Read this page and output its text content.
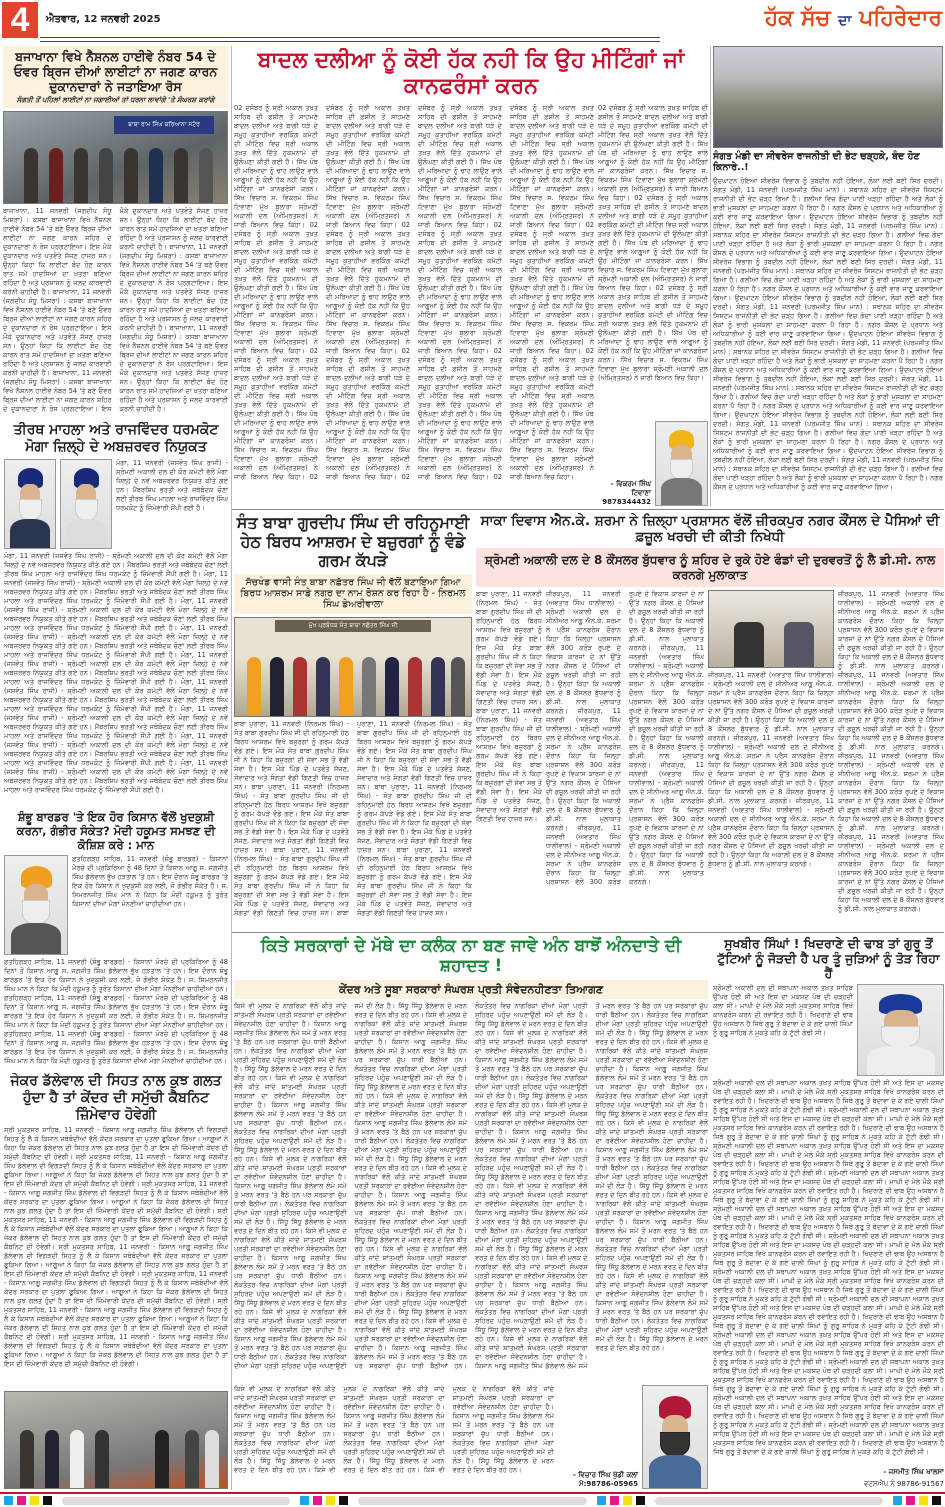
4	ਐਤਵਾਰ, 12 ਜਨਵਰੀ 2025	ਹੱਕ ਸੱਚ ਦਾ ਪਹਿਰੇਦਾਰ
ਬਜਾਖਾਨਾ ਵਿਖੇ ਨੈਸ਼ਨਲ ਹਾਈਵੇ ਨੰਬਰ 54 ਦੇ ਓਵਰ ਬ੍ਰਿਜ ਦੀਆਂ ਲਾਈਟਾਂ ਨਾ ਜਗਣ ਕਾਰਨ ਦੁਕਾਨਦਾਰਾਂ ਨੇ ਜਤਾਇਆ ਰੋਸ
ਸੰਗਤੀ ਤੋਂ ਪਹਿਲਾਂ ਲਾਈਟਾਂ ਨਾ ਜਗਾਈਆਂ ਤਾਂ ਧਰਨਾ ਲਾਵਾਂਗੇ 'ਤੇ ਸੰਘਰਸ਼ ਕਰਾਂਗੇ
ਬਾਬਾ ਰਾਮ ਸਿੰਘ ਕਰਿਆਨਾ ਸਟੋਰ
ਬਾਜਾਖਾਨਾ, 11 ਜਨਵਰੀ (ਜਗਦੀਪ ਸੰਧੂ ਮਿਸ਼ਰਾ) : ਕਸਬਾ ਬਾਜਾਖਾਨਾ ਵਿਖੇ ਨੈਸ਼ਨਲ ਹਾਈਵੇ ਨੰਬਰ 54 'ਤੇ ਬਣੇ ਓਵਰ ਬ੍ਰਿਜ ਦੀਆਂ ਲਾਈਟਾਂ ਨਾ ਜਗਣ ਕਾਰਨ ਸ਼ਹਿਰ ਦੇ ਦੁਕਾਨਦਾਰਾਂ ਨੇ ਰੋਸ ਪ੍ਰਗਟਾਇਆ। ਇਸ ਮੌਕੇ ਦੁਕਾਨਦਾਰ ਅਤੇ ਪਤਵੰਤੇ ਸੱਜਣ ਹਾਜ਼ਰ ਸਨ। ਉਨ੍ਹਾਂ ਕਿਹਾ ਕਿ ਲਾਈਟਾਂ ਬੰਦ ਹੋਣ ਕਾਰਨ ਰਾਤ ਸਮੇਂ ਹਾਦਸਿਆਂ ਦਾ ਖ਼ਤਰਾ ਬਣਿਆ ਰਹਿੰਦਾ ਹੈ ਅਤੇ ਪ੍ਰਸ਼ਾਸਨ ਨੂੰ ਜਲਦ ਕਾਰਵਾਈ ਕਰਨੀ ਚਾਹੀਦੀ ਹੈ। ਬਾਜਾਖਾਨਾ, 11 ਜਨਵਰੀ (ਜਗਦੀਪ ਸੰਧੂ ਮਿਸ਼ਰਾ) : ਕਸਬਾ ਬਾਜਾਖਾਨਾ ਵਿਖੇ ਨੈਸ਼ਨਲ ਹਾਈਵੇ ਨੰਬਰ 54 'ਤੇ ਬਣੇ ਓਵਰ ਬ੍ਰਿਜ ਦੀਆਂ ਲਾਈਟਾਂ ਨਾ ਜਗਣ ਕਾਰਨ ਸ਼ਹਿਰ ਦੇ ਦੁਕਾਨਦਾਰਾਂ ਨੇ ਰੋਸ ਪ੍ਰਗਟਾਇਆ। ਇਸ ਮੌਕੇ ਦੁਕਾਨਦਾਰ ਅਤੇ ਪਤਵੰਤੇ ਸੱਜਣ ਹਾਜ਼ਰ ਸਨ। ਉਨ੍ਹਾਂ ਕਿਹਾ ਕਿ ਲਾਈਟਾਂ ਬੰਦ ਹੋਣ ਕਾਰਨ ਰਾਤ ਸਮੇਂ ਹਾਦਸਿਆਂ ਦਾ ਖ਼ਤਰਾ ਬਣਿਆ ਰਹਿੰਦਾ ਹੈ ਅਤੇ ਪ੍ਰਸ਼ਾਸਨ ਨੂੰ ਜਲਦ ਕਾਰਵਾਈ ਕਰਨੀ ਚਾਹੀਦੀ ਹੈ। ਬਾਜਾਖਾਨਾ, 11 ਜਨਵਰੀ (ਜਗਦੀਪ ਸੰਧੂ ਮਿਸ਼ਰਾ) : ਕਸਬਾ ਬਾਜਾਖਾਨਾ ਵਿਖੇ ਨੈਸ਼ਨਲ ਹਾਈਵੇ ਨੰਬਰ 54 'ਤੇ ਬਣੇ ਓਵਰ ਬ੍ਰਿਜ ਦੀਆਂ ਲਾਈਟਾਂ ਨਾ ਜਗਣ ਕਾਰਨ ਸ਼ਹਿਰ ਦੇ ਦੁਕਾਨਦਾਰਾਂ ਨੇ ਰੋਸ ਪ੍ਰਗਟਾਇਆ। ਇਸ ਮੌਕੇ ਦੁਕਾਨਦਾਰ ਅਤੇ ਪਤਵੰਤੇ ਸੱਜਣ ਹਾਜ਼ਰ ਸਨ। ਉਨ੍ਹਾਂ ਕਿਹਾ ਕਿ ਲਾਈਟਾਂ ਬੰਦ ਹੋਣ ਕਾਰਨ ਰਾਤ ਸਮੇਂ ਹਾਦਸਿਆਂ ਦਾ ਖ਼ਤਰਾ ਬਣਿਆ ਰਹਿੰਦਾ ਹੈ ਅਤੇ ਪ੍ਰਸ਼ਾਸਨ ਨੂੰ ਜਲਦ ਕਾਰਵਾਈ ਕਰਨੀ ਚਾਹੀਦੀ ਹੈ। ਬਾਜਾਖਾਨਾ, 11 ਜਨਵਰੀ (ਜਗਦੀਪ ਸੰਧੂ ਮਿਸ਼ਰਾ) : ਕਸਬਾ ਬਾਜਾਖਾਨਾ ਵਿਖੇ ਨੈਸ਼ਨਲ ਹਾਈਵੇ ਨੰਬਰ 54 'ਤੇ ਬਣੇ ਓਵਰ ਬ੍ਰਿਜ ਦੀਆਂ ਲਾਈਟਾਂ ਨਾ ਜਗਣ ਕਾਰਨ ਸ਼ਹਿਰ ਦੇ ਦੁਕਾਨਦਾਰਾਂ ਨੇ ਰੋਸ ਪ੍ਰਗਟਾਇਆ। ਇਸ ਮੌਕੇ ਦੁਕਾਨਦਾਰ ਅਤੇ ਪਤਵੰਤੇ ਸੱਜਣ ਹਾਜ਼ਰ ਸਨ। ਉਨ੍ਹਾਂ ਕਿਹਾ ਕਿ ਲਾਈਟਾਂ ਬੰਦ ਹੋਣ ਕਾਰਨ ਰਾਤ ਸਮੇਂ ਹਾਦਸਿਆਂ ਦਾ ਖ਼ਤਰਾ ਬਣਿਆ ਰਹਿੰਦਾ ਹੈ ਅਤੇ ਪ੍ਰਸ਼ਾਸਨ ਨੂੰ ਜਲਦ ਕਾਰਵਾਈ ਕਰਨੀ ਚਾਹੀਦੀ ਹੈ। ਬਾਜਾਖਾਨਾ, 11 ਜਨਵਰੀ (ਜਗਦੀਪ ਸੰਧੂ ਮਿਸ਼ਰਾ) : ਕਸਬਾ ਬਾਜਾਖਾਨਾ ਵਿਖੇ ਨੈਸ਼ਨਲ ਹਾਈਵੇ ਨੰਬਰ 54 'ਤੇ ਬਣੇ ਓਵਰ ਬ੍ਰਿਜ ਦੀਆਂ ਲਾਈਟਾਂ ਨਾ ਜਗਣ ਕਾਰਨ ਸ਼ਹਿਰ ਦੇ ਦੁਕਾਨਦਾਰਾਂ ਨੇ ਰੋਸ ਪ੍ਰਗਟਾਇਆ। ਇਸ ਮੌਕੇ ਦੁਕਾਨਦਾਰ ਅਤੇ ਪਤਵੰਤੇ ਸੱਜਣ ਹਾਜ਼ਰ ਸਨ। ਉਨ੍ਹਾਂ ਕਿਹਾ ਕਿ ਲਾਈਟਾਂ ਬੰਦ ਹੋਣ ਕਾਰਨ ਰਾਤ ਸਮੇਂ ਹਾਦਸਿਆਂ ਦਾ ਖ਼ਤਰਾ ਬਣਿਆ ਰਹਿੰਦਾ ਹੈ ਅਤੇ ਪ੍ਰਸ਼ਾਸਨ ਨੂੰ ਜਲਦ ਕਾਰਵਾਈ ਕਰਨੀ ਚਾਹੀਦੀ ਹੈ।
ਤੀਰਥ ਮਾਹਲਾ ਅਤੇ ਰਾਜਵਿੰਦਰ ਧਰਮਕੋਟ ਮੋਗਾ ਜ਼ਿਲ੍ਹੇ ਦੇ ਅਬਜ਼ਰਵਰ ਨਿਯੁਕਤ
ਮੋਗਾ, 11 ਜਨਵਰੀ (ਜਸਵੰਤ ਸਿੰਘ ਰਾਜੀ) - ਸ਼੍ਰੋਮਣੀ ਅਕਾਲੀ ਦਲ ਦੀ ਕੋਰ ਕਮੇਟੀ ਵੱਲੋਂ ਮੋਗਾ ਜ਼ਿਲ੍ਹੇ ਦੇ ਨਵੇਂ ਅਬਜ਼ਰਵਰ ਨਿਯੁਕਤ ਕੀਤੇ ਗਏ ਹਨ। ਮੈਂਬਰਸ਼ਿਪ ਭਰਤੀ ਅਤੇ ਜਥੇਬੰਦਕ ਚੋਣਾਂ ਲਈ ਤੀਰਥ ਸਿੰਘ ਮਾਹਲਾ ਅਤੇ ਰਾਜਵਿੰਦਰ ਸਿੰਘ ਧਰਮਕੋਟ ਨੂੰ ਜ਼ਿੰਮੇਵਾਰੀ ਸੌਂਪੀ ਗਈ ਹੈ।
ਮੋਗਾ, 11 ਜਨਵਰੀ (ਜਸਵੰਤ ਸਿੰਘ ਰਾਜੀ) - ਸ਼੍ਰੋਮਣੀ ਅਕਾਲੀ ਦਲ ਦੀ ਕੋਰ ਕਮੇਟੀ ਵੱਲੋਂ ਮੋਗਾ ਜ਼ਿਲ੍ਹੇ ਦੇ ਨਵੇਂ ਅਬਜ਼ਰਵਰ ਨਿਯੁਕਤ ਕੀਤੇ ਗਏ ਹਨ। ਮੈਂਬਰਸ਼ਿਪ ਭਰਤੀ ਅਤੇ ਜਥੇਬੰਦਕ ਚੋਣਾਂ ਲਈ ਤੀਰਥ ਸਿੰਘ ਮਾਹਲਾ ਅਤੇ ਰਾਜਵਿੰਦਰ ਸਿੰਘ ਧਰਮਕੋਟ ਨੂੰ ਜ਼ਿੰਮੇਵਾਰੀ ਸੌਂਪੀ ਗਈ ਹੈ। ਮੋਗਾ, 11 ਜਨਵਰੀ (ਜਸਵੰਤ ਸਿੰਘ ਰਾਜੀ) - ਸ਼੍ਰੋਮਣੀ ਅਕਾਲੀ ਦਲ ਦੀ ਕੋਰ ਕਮੇਟੀ ਵੱਲੋਂ ਮੋਗਾ ਜ਼ਿਲ੍ਹੇ ਦੇ ਨਵੇਂ ਅਬਜ਼ਰਵਰ ਨਿਯੁਕਤ ਕੀਤੇ ਗਏ ਹਨ। ਮੈਂਬਰਸ਼ਿਪ ਭਰਤੀ ਅਤੇ ਜਥੇਬੰਦਕ ਚੋਣਾਂ ਲਈ ਤੀਰਥ ਸਿੰਘ ਮਾਹਲਾ ਅਤੇ ਰਾਜਵਿੰਦਰ ਸਿੰਘ ਧਰਮਕੋਟ ਨੂੰ ਜ਼ਿੰਮੇਵਾਰੀ ਸੌਂਪੀ ਗਈ ਹੈ। ਮੋਗਾ, 11 ਜਨਵਰੀ (ਜਸਵੰਤ ਸਿੰਘ ਰਾਜੀ) - ਸ਼੍ਰੋਮਣੀ ਅਕਾਲੀ ਦਲ ਦੀ ਕੋਰ ਕਮੇਟੀ ਵੱਲੋਂ ਮੋਗਾ ਜ਼ਿਲ੍ਹੇ ਦੇ ਨਵੇਂ ਅਬਜ਼ਰਵਰ ਨਿਯੁਕਤ ਕੀਤੇ ਗਏ ਹਨ। ਮੈਂਬਰਸ਼ਿਪ ਭਰਤੀ ਅਤੇ ਜਥੇਬੰਦਕ ਚੋਣਾਂ ਲਈ ਤੀਰਥ ਸਿੰਘ ਮਾਹਲਾ ਅਤੇ ਰਾਜਵਿੰਦਰ ਸਿੰਘ ਧਰਮਕੋਟ ਨੂੰ ਜ਼ਿੰਮੇਵਾਰੀ ਸੌਂਪੀ ਗਈ ਹੈ। ਮੋਗਾ, 11 ਜਨਵਰੀ (ਜਸਵੰਤ ਸਿੰਘ ਰਾਜੀ) - ਸ਼੍ਰੋਮਣੀ ਅਕਾਲੀ ਦਲ ਦੀ ਕੋਰ ਕਮੇਟੀ ਵੱਲੋਂ ਮੋਗਾ ਜ਼ਿਲ੍ਹੇ ਦੇ ਨਵੇਂ ਅਬਜ਼ਰਵਰ ਨਿਯੁਕਤ ਕੀਤੇ ਗਏ ਹਨ। ਮੈਂਬਰਸ਼ਿਪ ਭਰਤੀ ਅਤੇ ਜਥੇਬੰਦਕ ਚੋਣਾਂ ਲਈ ਤੀਰਥ ਸਿੰਘ ਮਾਹਲਾ ਅਤੇ ਰਾਜਵਿੰਦਰ ਸਿੰਘ ਧਰਮਕੋਟ ਨੂੰ ਜ਼ਿੰਮੇਵਾਰੀ ਸੌਂਪੀ ਗਈ ਹੈ। ਮੋਗਾ, 11 ਜਨਵਰੀ (ਜਸਵੰਤ ਸਿੰਘ ਰਾਜੀ) - ਸ਼੍ਰੋਮਣੀ ਅਕਾਲੀ ਦਲ ਦੀ ਕੋਰ ਕਮੇਟੀ ਵੱਲੋਂ ਮੋਗਾ ਜ਼ਿਲ੍ਹੇ ਦੇ ਨਵੇਂ ਅਬਜ਼ਰਵਰ ਨਿਯੁਕਤ ਕੀਤੇ ਗਏ ਹਨ। ਮੈਂਬਰਸ਼ਿਪ ਭਰਤੀ ਅਤੇ ਜਥੇਬੰਦਕ ਚੋਣਾਂ ਲਈ ਤੀਰਥ ਸਿੰਘ ਮਾਹਲਾ ਅਤੇ ਰਾਜਵਿੰਦਰ ਸਿੰਘ ਧਰਮਕੋਟ ਨੂੰ ਜ਼ਿੰਮੇਵਾਰੀ ਸੌਂਪੀ ਗਈ ਹੈ। ਮੋਗਾ, 11 ਜਨਵਰੀ (ਜਸਵੰਤ ਸਿੰਘ ਰਾਜੀ) - ਸ਼੍ਰੋਮਣੀ ਅਕਾਲੀ ਦਲ ਦੀ ਕੋਰ ਕਮੇਟੀ ਵੱਲੋਂ ਮੋਗਾ ਜ਼ਿਲ੍ਹੇ ਦੇ ਨਵੇਂ ਅਬਜ਼ਰਵਰ ਨਿਯੁਕਤ ਕੀਤੇ ਗਏ ਹਨ। ਮੈਂਬਰਸ਼ਿਪ ਭਰਤੀ ਅਤੇ ਜਥੇਬੰਦਕ ਚੋਣਾਂ ਲਈ ਤੀਰਥ ਸਿੰਘ ਮਾਹਲਾ ਅਤੇ ਰਾਜਵਿੰਦਰ ਸਿੰਘ ਧਰਮਕੋਟ ਨੂੰ ਜ਼ਿੰਮੇਵਾਰੀ ਸੌਂਪੀ ਗਈ ਹੈ। ਮੋਗਾ, 11 ਜਨਵਰੀ (ਜਸਵੰਤ ਸਿੰਘ ਰਾਜੀ) - ਸ਼੍ਰੋਮਣੀ ਅਕਾਲੀ ਦਲ ਦੀ ਕੋਰ ਕਮੇਟੀ ਵੱਲੋਂ ਮੋਗਾ ਜ਼ਿਲ੍ਹੇ ਦੇ ਨਵੇਂ ਅਬਜ਼ਰਵਰ ਨਿਯੁਕਤ ਕੀਤੇ ਗਏ ਹਨ। ਮੈਂਬਰਸ਼ਿਪ ਭਰਤੀ ਅਤੇ ਜਥੇਬੰਦਕ ਚੋਣਾਂ ਲਈ ਤੀਰਥ ਸਿੰਘ ਮਾਹਲਾ ਅਤੇ ਰਾਜਵਿੰਦਰ ਸਿੰਘ ਧਰਮਕੋਟ ਨੂੰ ਜ਼ਿੰਮੇਵਾਰੀ ਸੌਂਪੀ ਗਈ ਹੈ। ਮੋਗਾ, 11 ਜਨਵਰੀ (ਜਸਵੰਤ ਸਿੰਘ ਰਾਜੀ) - ਸ਼੍ਰੋਮਣੀ ਅਕਾਲੀ ਦਲ ਦੀ ਕੋਰ ਕਮੇਟੀ ਵੱਲੋਂ ਮੋਗਾ ਜ਼ਿਲ੍ਹੇ ਦੇ ਨਵੇਂ ਅਬਜ਼ਰਵਰ ਨਿਯੁਕਤ ਕੀਤੇ ਗਏ ਹਨ। ਮੈਂਬਰਸ਼ਿਪ ਭਰਤੀ ਅਤੇ ਜਥੇਬੰਦਕ ਚੋਣਾਂ ਲਈ ਤੀਰਥ ਸਿੰਘ ਮਾਹਲਾ ਅਤੇ ਰਾਜਵਿੰਦਰ ਸਿੰਘ ਧਰਮਕੋਟ ਨੂੰ ਜ਼ਿੰਮੇਵਾਰੀ ਸੌਂਪੀ ਗਈ ਹੈ। ਮੋਗਾ, 11 ਜਨਵਰੀ (ਜਸਵੰਤ ਸਿੰਘ ਰਾਜੀ) - ਸ਼੍ਰੋਮਣੀ ਅਕਾਲੀ ਦਲ ਦੀ ਕੋਰ ਕਮੇਟੀ ਵੱਲੋਂ ਮੋਗਾ ਜ਼ਿਲ੍ਹੇ ਦੇ ਨਵੇਂ ਅਬਜ਼ਰਵਰ ਨਿਯੁਕਤ ਕੀਤੇ ਗਏ ਹਨ। ਮੈਂਬਰਸ਼ਿਪ ਭਰਤੀ ਅਤੇ ਜਥੇਬੰਦਕ ਚੋਣਾਂ ਲਈ ਤੀਰਥ ਸਿੰਘ ਮਾਹਲਾ ਅਤੇ ਰਾਜਵਿੰਦਰ ਸਿੰਘ ਧਰਮਕੋਟ ਨੂੰ ਜ਼ਿੰਮੇਵਾਰੀ ਸੌਂਪੀ ਗਈ ਹੈ।
ਸ਼ੰਭੂ ਬਾਰਡਰ 'ਤੇ ਇਕ ਹੋਰ ਕਿਸਾਨ ਵੱਲੋਂ ਖੁਦਕੁਸ਼ੀ ਕਰਨਾ, ਗੰਭੀਰ ਸੰਕੇਤ? ਮੋਦੀ ਹਕੂਮਤ ਸਮਝਣ ਦੀ ਕੋਸ਼ਿਸ਼ ਕਰੇ : ਮਾਨ
ਫ਼ਤਹਿਗੜ੍ਹ ਸਾਹਿਬ, 11 ਜਨਵਰੀ (ਸ਼ੰਭੂ ਬਾਰਡਰ) - ਕਿਸਾਨਾਂ ਮੋਰਚੇ ਦੀ ਪ੍ਰਕਿਰਿਆ ਨੂੰ 48 ਦਿਨਾਂ ਤੋਂ ਕਿਸਾਨ ਆਗੂ ਸ. ਜਗਜੀਤ ਸਿੰਘ ਡੱਲੇਵਾਲ ਭੁੱਖ ਹੜਤਾਲ 'ਤੇ ਹਨ। ਇਸ ਦੌਰਾਨ ਸ਼ੰਭੂ ਬਾਰਡਰ 'ਤੇ ਇਕ ਹੋਰ ਕਿਸਾਨ ਨੇ ਖੁਦਕੁਸ਼ੀ ਕਰ ਲਈ, ਜੋ ਗੰਭੀਰ ਸੰਕੇਤ ਹੈ। ਸ. ਸਿਮਰਨਜੀਤ ਸਿੰਘ ਮਾਨ ਨੇ ਕਿਹਾ ਕਿ ਮੋਦੀ ਹਕੂਮਤ ਨੂੰ ਤੁਰੰਤ ਕਿਸਾਨਾਂ ਦੀਆਂ ਮੰਗਾਂ ਮੰਨਣੀਆਂ ਚਾਹੀਦੀਆਂ ਹਨ।
ਫ਼ਤਹਿਗੜ੍ਹ ਸਾਹਿਬ, 11 ਜਨਵਰੀ (ਸ਼ੰਭੂ ਬਾਰਡਰ) - ਕਿਸਾਨਾਂ ਮੋਰਚੇ ਦੀ ਪ੍ਰਕਿਰਿਆ ਨੂੰ 48 ਦਿਨਾਂ ਤੋਂ ਕਿਸਾਨ ਆਗੂ ਸ. ਜਗਜੀਤ ਸਿੰਘ ਡੱਲੇਵਾਲ ਭੁੱਖ ਹੜਤਾਲ 'ਤੇ ਹਨ। ਇਸ ਦੌਰਾਨ ਸ਼ੰਭੂ ਬਾਰਡਰ 'ਤੇ ਇਕ ਹੋਰ ਕਿਸਾਨ ਨੇ ਖੁਦਕੁਸ਼ੀ ਕਰ ਲਈ, ਜੋ ਗੰਭੀਰ ਸੰਕੇਤ ਹੈ। ਸ. ਸਿਮਰਨਜੀਤ ਸਿੰਘ ਮਾਨ ਨੇ ਕਿਹਾ ਕਿ ਮੋਦੀ ਹਕੂਮਤ ਨੂੰ ਤੁਰੰਤ ਕਿਸਾਨਾਂ ਦੀਆਂ ਮੰਗਾਂ ਮੰਨਣੀਆਂ ਚਾਹੀਦੀਆਂ ਹਨ। ਫ਼ਤਹਿਗੜ੍ਹ ਸਾਹਿਬ, 11 ਜਨਵਰੀ (ਸ਼ੰਭੂ ਬਾਰਡਰ) - ਕਿਸਾਨਾਂ ਮੋਰਚੇ ਦੀ ਪ੍ਰਕਿਰਿਆ ਨੂੰ 48 ਦਿਨਾਂ ਤੋਂ ਕਿਸਾਨ ਆਗੂ ਸ. ਜਗਜੀਤ ਸਿੰਘ ਡੱਲੇਵਾਲ ਭੁੱਖ ਹੜਤਾਲ 'ਤੇ ਹਨ। ਇਸ ਦੌਰਾਨ ਸ਼ੰਭੂ ਬਾਰਡਰ 'ਤੇ ਇਕ ਹੋਰ ਕਿਸਾਨ ਨੇ ਖੁਦਕੁਸ਼ੀ ਕਰ ਲਈ, ਜੋ ਗੰਭੀਰ ਸੰਕੇਤ ਹੈ। ਸ. ਸਿਮਰਨਜੀਤ ਸਿੰਘ ਮਾਨ ਨੇ ਕਿਹਾ ਕਿ ਮੋਦੀ ਹਕੂਮਤ ਨੂੰ ਤੁਰੰਤ ਕਿਸਾਨਾਂ ਦੀਆਂ ਮੰਗਾਂ ਮੰਨਣੀਆਂ ਚਾਹੀਦੀਆਂ ਹਨ। ਫ਼ਤਹਿਗੜ੍ਹ ਸਾਹਿਬ, 11 ਜਨਵਰੀ (ਸ਼ੰਭੂ ਬਾਰਡਰ) - ਕਿਸਾਨਾਂ ਮੋਰਚੇ ਦੀ ਪ੍ਰਕਿਰਿਆ ਨੂੰ 48 ਦਿਨਾਂ ਤੋਂ ਕਿਸਾਨ ਆਗੂ ਸ. ਜਗਜੀਤ ਸਿੰਘ ਡੱਲੇਵਾਲ ਭੁੱਖ ਹੜਤਾਲ 'ਤੇ ਹਨ। ਇਸ ਦੌਰਾਨ ਸ਼ੰਭੂ ਬਾਰਡਰ 'ਤੇ ਇਕ ਹੋਰ ਕਿਸਾਨ ਨੇ ਖੁਦਕੁਸ਼ੀ ਕਰ ਲਈ, ਜੋ ਗੰਭੀਰ ਸੰਕੇਤ ਹੈ। ਸ. ਸਿਮਰਨਜੀਤ ਸਿੰਘ ਮਾਨ ਨੇ ਕਿਹਾ ਕਿ ਮੋਦੀ ਹਕੂਮਤ ਨੂੰ ਤੁਰੰਤ ਕਿਸਾਨਾਂ ਦੀਆਂ ਮੰਗਾਂ ਮੰਨਣੀਆਂ ਚਾਹੀਦੀਆਂ ਹਨ।
ਜੇਕਰ ਡੱਲੇਵਾਲ ਦੀ ਸਿਹਤ ਨਾਲ ਕੁਝ ਗਲਤ ਹੁੰਦਾ ਹੈ ਤਾਂ ਕੇਂਦਰ ਦੀ ਸਮੁੱਚੀ ਕੈਬਨਿਟ ਜ਼ਿੰਮੇਵਾਰ ਹੋਵੇਗੀ
ਸ੍ਰੀ ਮੁਕਤਸਰ ਸਾਹਿਬ, 11 ਜਨਵਰੀ - ਕਿਸਾਨ ਆਗੂ ਜਗਜੀਤ ਸਿੰਘ ਡੱਲੇਵਾਲ ਦੀ ਵਿਗੜਦੀ ਸਿਹਤ ਨੂੰ ਲੈ ਕੇ ਕਿਸਾਨ ਜਥੇਬੰਦੀਆਂ ਵੱਲੋਂ ਕੇਂਦਰ ਸਰਕਾਰ ਦਾ ਪੁਤਲਾ ਫੂਕਿਆ ਗਿਆ। ਆਗੂਆਂ ਨੇ ਕਿਹਾ ਕਿ ਜੇਕਰ ਡੱਲੇਵਾਲ ਦੀ ਸਿਹਤ ਨਾਲ ਕੁਝ ਗਲਤ ਹੁੰਦਾ ਹੈ ਤਾਂ ਇਸ ਦੀ ਜ਼ਿੰਮੇਵਾਰੀ ਕੇਂਦਰ ਦੀ ਸਮੁੱਚੀ ਕੈਬਨਿਟ ਦੀ ਹੋਵੇਗੀ। ਸ੍ਰੀ ਮੁਕਤਸਰ ਸਾਹਿਬ, 11 ਜਨਵਰੀ - ਕਿਸਾਨ ਆਗੂ ਜਗਜੀਤ ਸਿੰਘ ਡੱਲੇਵਾਲ ਦੀ ਵਿਗੜਦੀ ਸਿਹਤ ਨੂੰ ਲੈ ਕੇ ਕਿਸਾਨ ਜਥੇਬੰਦੀਆਂ ਵੱਲੋਂ ਕੇਂਦਰ ਸਰਕਾਰ ਦਾ ਪੁਤਲਾ ਫੂਕਿਆ ਗਿਆ। ਆਗੂਆਂ ਨੇ ਕਿਹਾ ਕਿ ਜੇਕਰ ਡੱਲੇਵਾਲ ਦੀ ਸਿਹਤ ਨਾਲ ਕੁਝ ਗਲਤ ਹੁੰਦਾ ਹੈ ਤਾਂ ਇਸ ਦੀ ਜ਼ਿੰਮੇਵਾਰੀ ਕੇਂਦਰ ਦੀ ਸਮੁੱਚੀ ਕੈਬਨਿਟ ਦੀ ਹੋਵੇਗੀ। ਸ੍ਰੀ ਮੁਕਤਸਰ ਸਾਹਿਬ, 11 ਜਨਵਰੀ - ਕਿਸਾਨ ਆਗੂ ਜਗਜੀਤ ਸਿੰਘ ਡੱਲੇਵਾਲ ਦੀ ਵਿਗੜਦੀ ਸਿਹਤ ਨੂੰ ਲੈ ਕੇ ਕਿਸਾਨ ਜਥੇਬੰਦੀਆਂ ਵੱਲੋਂ ਕੇਂਦਰ ਸਰਕਾਰ ਦਾ ਪੁਤਲਾ ਫੂਕਿਆ ਗਿਆ। ਆਗੂਆਂ ਨੇ ਕਿਹਾ ਕਿ ਜੇਕਰ ਡੱਲੇਵਾਲ ਦੀ ਸਿਹਤ ਨਾਲ ਕੁਝ ਗਲਤ ਹੁੰਦਾ ਹੈ ਤਾਂ ਇਸ ਦੀ ਜ਼ਿੰਮੇਵਾਰੀ ਕੇਂਦਰ ਦੀ ਸਮੁੱਚੀ ਕੈਬਨਿਟ ਦੀ ਹੋਵੇਗੀ। ਸ੍ਰੀ ਮੁਕਤਸਰ ਸਾਹਿਬ, 11 ਜਨਵਰੀ - ਕਿਸਾਨ ਆਗੂ ਜਗਜੀਤ ਸਿੰਘ ਡੱਲੇਵਾਲ ਦੀ ਵਿਗੜਦੀ ਸਿਹਤ ਨੂੰ ਲੈ ਕੇ ਕਿਸਾਨ ਜਥੇਬੰਦੀਆਂ ਵੱਲੋਂ ਕੇਂਦਰ ਸਰਕਾਰ ਦਾ ਪੁਤਲਾ ਫੂਕਿਆ ਗਿਆ। ਆਗੂਆਂ ਨੇ ਕਿਹਾ ਕਿ ਜੇਕਰ ਡੱਲੇਵਾਲ ਦੀ ਸਿਹਤ ਨਾਲ ਕੁਝ ਗਲਤ ਹੁੰਦਾ ਹੈ ਤਾਂ ਇਸ ਦੀ ਜ਼ਿੰਮੇਵਾਰੀ ਕੇਂਦਰ ਦੀ ਸਮੁੱਚੀ ਕੈਬਨਿਟ ਦੀ ਹੋਵੇਗੀ। ਸ੍ਰੀ ਮੁਕਤਸਰ ਸਾਹਿਬ, 11 ਜਨਵਰੀ - ਕਿਸਾਨ ਆਗੂ ਜਗਜੀਤ ਸਿੰਘ ਡੱਲੇਵਾਲ ਦੀ ਵਿਗੜਦੀ ਸਿਹਤ ਨੂੰ ਲੈ ਕੇ ਕਿਸਾਨ ਜਥੇਬੰਦੀਆਂ ਵੱਲੋਂ ਕੇਂਦਰ ਸਰਕਾਰ ਦਾ ਪੁਤਲਾ ਫੂਕਿਆ ਗਿਆ। ਆਗੂਆਂ ਨੇ ਕਿਹਾ ਕਿ ਜੇਕਰ ਡੱਲੇਵਾਲ ਦੀ ਸਿਹਤ ਨਾਲ ਕੁਝ ਗਲਤ ਹੁੰਦਾ ਹੈ ਤਾਂ ਇਸ ਦੀ ਜ਼ਿੰਮੇਵਾਰੀ ਕੇਂਦਰ ਦੀ ਸਮੁੱਚੀ ਕੈਬਨਿਟ ਦੀ ਹੋਵੇਗੀ। ਸ੍ਰੀ ਮੁਕਤਸਰ ਸਾਹਿਬ, 11 ਜਨਵਰੀ - ਕਿਸਾਨ ਆਗੂ ਜਗਜੀਤ ਸਿੰਘ ਡੱਲੇਵਾਲ ਦੀ ਵਿਗੜਦੀ ਸਿਹਤ ਨੂੰ ਲੈ ਕੇ ਕਿਸਾਨ ਜਥੇਬੰਦੀਆਂ ਵੱਲੋਂ ਕੇਂਦਰ ਸਰਕਾਰ ਦਾ ਪੁਤਲਾ ਫੂਕਿਆ ਗਿਆ। ਆਗੂਆਂ ਨੇ ਕਿਹਾ ਕਿ ਜੇਕਰ ਡੱਲੇਵਾਲ ਦੀ ਸਿਹਤ ਨਾਲ ਕੁਝ ਗਲਤ ਹੁੰਦਾ ਹੈ ਤਾਂ ਇਸ ਦੀ ਜ਼ਿੰਮੇਵਾਰੀ ਕੇਂਦਰ ਦੀ ਸਮੁੱਚੀ ਕੈਬਨਿਟ ਦੀ ਹੋਵੇਗੀ। ਸ੍ਰੀ ਮੁਕਤਸਰ ਸਾਹਿਬ, 11 ਜਨਵਰੀ - ਕਿਸਾਨ ਆਗੂ ਜਗਜੀਤ ਸਿੰਘ ਡੱਲੇਵਾਲ ਦੀ ਵਿਗੜਦੀ ਸਿਹਤ ਨੂੰ ਲੈ ਕੇ ਕਿਸਾਨ ਜਥੇਬੰਦੀਆਂ ਵੱਲੋਂ ਕੇਂਦਰ ਸਰਕਾਰ ਦਾ ਪੁਤਲਾ ਫੂਕਿਆ ਗਿਆ। ਆਗੂਆਂ ਨੇ ਕਿਹਾ ਕਿ ਜੇਕਰ ਡੱਲੇਵਾਲ ਦੀ ਸਿਹਤ ਨਾਲ ਕੁਝ ਗਲਤ ਹੁੰਦਾ ਹੈ ਤਾਂ ਇਸ ਦੀ ਜ਼ਿੰਮੇਵਾਰੀ ਕੇਂਦਰ ਦੀ ਸਮੁੱਚੀ ਕੈਬਨਿਟ ਦੀ ਹੋਵੇਗੀ। ਸ੍ਰੀ ਮੁਕਤਸਰ ਸਾਹਿਬ, 11 ਜਨਵਰੀ - ਕਿਸਾਨ ਆਗੂ ਜਗਜੀਤ ਸਿੰਘ ਡੱਲੇਵਾਲ ਦੀ ਵਿਗੜਦੀ ਸਿਹਤ ਨੂੰ ਲੈ ਕੇ ਕਿਸਾਨ ਜਥੇਬੰਦੀਆਂ ਵੱਲੋਂ ਕੇਂਦਰ ਸਰਕਾਰ ਦਾ ਪੁਤਲਾ ਫੂਕਿਆ ਗਿਆ। ਆਗੂਆਂ ਨੇ ਕਿਹਾ ਕਿ ਜੇਕਰ ਡੱਲੇਵਾਲ ਦੀ ਸਿਹਤ ਨਾਲ ਕੁਝ ਗਲਤ ਹੁੰਦਾ ਹੈ ਤਾਂ ਇਸ ਦੀ ਜ਼ਿੰਮੇਵਾਰੀ ਕੇਂਦਰ ਦੀ ਸਮੁੱਚੀ ਕੈਬਨਿਟ ਦੀ ਹੋਵੇਗੀ।
ਬਾਦਲ ਦਲੀਆ ਨੂੰ ਕੋਈ ਹੱਕ ਨਹੀ ਕਿ ਉਹ ਮੀਟਿੰਗਾਂ ਜਾਂ ਕਾਨਫਰੰਸਾਂ ਕਰਨ
02 ਦਸੰਬਰ ਨੂੰ ਸ੍ਰੀ ਅਕਾਲ ਤਖ਼ਤ ਸਾਹਿਬ ਦੀ ਫ਼ਸੀਲ ਤੋਂ ਸਾਹਮਣੇ ਬਾਦਲ ਦਲੀਆਂ ਅਤੇ ਬਾਗੀ ਧੜੇ ਦੇ ਸਮੂਹ ਕੁਤਾਹੀਆਂ ਵਰਕਿੰਗ ਕਮੇਟੀ ਦੀ ਮੀਟਿੰਗ ਵਿਚ ਸ੍ਰੀ ਅਕਾਲ ਤਖ਼ਤ ਵੱਲੋਂ ਦਿੱਤੇ ਹੁਕਮਨਾਮੇ ਦੀ ਉਲੰਘਣਾ ਕੀਤੀ ਗਈ ਹੈ। ਸਿੱਖ ਪੰਥ ਦੀ ਮਰਿਆਦਾ ਨੂੰ ਢਾਹ ਲਾਉਣ ਵਾਲੇ ਆਗੂਆਂ ਨੂੰ ਕੋਈ ਹੱਕ ਨਹੀਂ ਕਿ ਉਹ ਮੀਟਿੰਗਾਂ ਜਾਂ ਕਾਨਫਰੰਸਾਂ ਕਰਨ। ਸਿੱਖ ਵਿਚਾਰ ਸ. ਵਿਕਰਮ ਸਿੰਘ ਟਿਵਾਣਾ ਮੁੱਖ ਬੁਲਾਰਾ ਸ਼੍ਰੋਮਣੀ ਅਕਾਲੀ ਦਲ (ਅੰਮ੍ਰਿਤਸਰ) ਨੇ ਜਾਰੀ ਬਿਆਨ ਵਿਚ ਕਿਹਾ। 02 ਦਸੰਬਰ ਨੂੰ ਸ੍ਰੀ ਅਕਾਲ ਤਖ਼ਤ ਸਾਹਿਬ ਦੀ ਫ਼ਸੀਲ ਤੋਂ ਸਾਹਮਣੇ ਬਾਦਲ ਦਲੀਆਂ ਅਤੇ ਬਾਗੀ ਧੜੇ ਦੇ ਸਮੂਹ ਕੁਤਾਹੀਆਂ ਵਰਕਿੰਗ ਕਮੇਟੀ ਦੀ ਮੀਟਿੰਗ ਵਿਚ ਸ੍ਰੀ ਅਕਾਲ ਤਖ਼ਤ ਵੱਲੋਂ ਦਿੱਤੇ ਹੁਕਮਨਾਮੇ ਦੀ ਉਲੰਘਣਾ ਕੀਤੀ ਗਈ ਹੈ। ਸਿੱਖ ਪੰਥ ਦੀ ਮਰਿਆਦਾ ਨੂੰ ਢਾਹ ਲਾਉਣ ਵਾਲੇ ਆਗੂਆਂ ਨੂੰ ਕੋਈ ਹੱਕ ਨਹੀਂ ਕਿ ਉਹ ਮੀਟਿੰਗਾਂ ਜਾਂ ਕਾਨਫਰੰਸਾਂ ਕਰਨ। ਸਿੱਖ ਵਿਚਾਰ ਸ. ਵਿਕਰਮ ਸਿੰਘ ਟਿਵਾਣਾ ਮੁੱਖ ਬੁਲਾਰਾ ਸ਼੍ਰੋਮਣੀ ਅਕਾਲੀ ਦਲ (ਅੰਮ੍ਰਿਤਸਰ) ਨੇ ਜਾਰੀ ਬਿਆਨ ਵਿਚ ਕਿਹਾ। 02 ਦਸੰਬਰ ਨੂੰ ਸ੍ਰੀ ਅਕਾਲ ਤਖ਼ਤ ਸਾਹਿਬ ਦੀ ਫ਼ਸੀਲ ਤੋਂ ਸਾਹਮਣੇ ਬਾਦਲ ਦਲੀਆਂ ਅਤੇ ਬਾਗੀ ਧੜੇ ਦੇ ਸਮੂਹ ਕੁਤਾਹੀਆਂ ਵਰਕਿੰਗ ਕਮੇਟੀ ਦੀ ਮੀਟਿੰਗ ਵਿਚ ਸ੍ਰੀ ਅਕਾਲ ਤਖ਼ਤ ਵੱਲੋਂ ਦਿੱਤੇ ਹੁਕਮਨਾਮੇ ਦੀ ਉਲੰਘਣਾ ਕੀਤੀ ਗਈ ਹੈ। ਸਿੱਖ ਪੰਥ ਦੀ ਮਰਿਆਦਾ ਨੂੰ ਢਾਹ ਲਾਉਣ ਵਾਲੇ ਆਗੂਆਂ ਨੂੰ ਕੋਈ ਹੱਕ ਨਹੀਂ ਕਿ ਉਹ ਮੀਟਿੰਗਾਂ ਜਾਂ ਕਾਨਫਰੰਸਾਂ ਕਰਨ। ਸਿੱਖ ਵਿਚਾਰ ਸ. ਵਿਕਰਮ ਸਿੰਘ ਟਿਵਾਣਾ ਮੁੱਖ ਬੁਲਾਰਾ ਸ਼੍ਰੋਮਣੀ ਅਕਾਲੀ ਦਲ (ਅੰਮ੍ਰਿਤਸਰ) ਨੇ ਜਾਰੀ ਬਿਆਨ ਵਿਚ ਕਿਹਾ। 02 ਦਸੰਬਰ ਨੂੰ ਸ੍ਰੀ ਅਕਾਲ ਤਖ਼ਤ ਸਾਹਿਬ ਦੀ ਫ਼ਸੀਲ ਤੋਂ ਸਾਹਮਣੇ ਬਾਦਲ ਦਲੀਆਂ ਅਤੇ ਬਾਗੀ ਧੜੇ ਦੇ ਸਮੂਹ ਕੁਤਾਹੀਆਂ ਵਰਕਿੰਗ ਕਮੇਟੀ ਦੀ ਮੀਟਿੰਗ ਵਿਚ ਸ੍ਰੀ ਅਕਾਲ ਤਖ਼ਤ ਵੱਲੋਂ ਦਿੱਤੇ ਹੁਕਮਨਾਮੇ ਦੀ ਉਲੰਘਣਾ ਕੀਤੀ ਗਈ ਹੈ। ਸਿੱਖ ਪੰਥ ਦੀ ਮਰਿਆਦਾ ਨੂੰ ਢਾਹ ਲਾਉਣ ਵਾਲੇ ਆਗੂਆਂ ਨੂੰ ਕੋਈ ਹੱਕ ਨਹੀਂ ਕਿ ਉਹ ਮੀਟਿੰਗਾਂ ਜਾਂ ਕਾਨਫਰੰਸਾਂ ਕਰਨ। ਸਿੱਖ ਵਿਚਾਰ ਸ. ਵਿਕਰਮ ਸਿੰਘ ਟਿਵਾਣਾ ਮੁੱਖ ਬੁਲਾਰਾ ਸ਼੍ਰੋਮਣੀ ਅਕਾਲੀ ਦਲ (ਅੰਮ੍ਰਿਤਸਰ) ਨੇ ਜਾਰੀ ਬਿਆਨ ਵਿਚ ਕਿਹਾ। 02 ਦਸੰਬਰ ਨੂੰ ਸ੍ਰੀ ਅਕਾਲ ਤਖ਼ਤ ਸਾਹਿਬ ਦੀ ਫ਼ਸੀਲ ਤੋਂ ਸਾਹਮਣੇ ਬਾਦਲ ਦਲੀਆਂ ਅਤੇ ਬਾਗੀ ਧੜੇ ਦੇ ਸਮੂਹ ਕੁਤਾਹੀਆਂ ਵਰਕਿੰਗ ਕਮੇਟੀ ਦੀ ਮੀਟਿੰਗ ਵਿਚ ਸ੍ਰੀ ਅਕਾਲ ਤਖ਼ਤ ਵੱਲੋਂ ਦਿੱਤੇ ਹੁਕਮਨਾਮੇ ਦੀ ਉਲੰਘਣਾ ਕੀਤੀ ਗਈ ਹੈ। ਸਿੱਖ ਪੰਥ ਦੀ ਮਰਿਆਦਾ ਨੂੰ ਢਾਹ ਲਾਉਣ ਵਾਲੇ ਆਗੂਆਂ ਨੂੰ ਕੋਈ ਹੱਕ ਨਹੀਂ ਕਿ ਉਹ ਮੀਟਿੰਗਾਂ ਜਾਂ ਕਾਨਫਰੰਸਾਂ ਕਰਨ। ਸਿੱਖ ਵਿਚਾਰ ਸ. ਵਿਕਰਮ ਸਿੰਘ ਟਿਵਾਣਾ ਮੁੱਖ ਬੁਲਾਰਾ ਸ਼੍ਰੋਮਣੀ ਅਕਾਲੀ ਦਲ (ਅੰਮ੍ਰਿਤਸਰ) ਨੇ ਜਾਰੀ ਬਿਆਨ ਵਿਚ ਕਿਹਾ। 02 ਦਸੰਬਰ ਨੂੰ ਸ੍ਰੀ ਅਕਾਲ ਤਖ਼ਤ ਸਾਹਿਬ ਦੀ ਫ਼ਸੀਲ ਤੋਂ ਸਾਹਮਣੇ ਬਾਦਲ ਦਲੀਆਂ ਅਤੇ ਬਾਗੀ ਧੜੇ ਦੇ ਸਮੂਹ ਕੁਤਾਹੀਆਂ ਵਰਕਿੰਗ ਕਮੇਟੀ ਦੀ ਮੀਟਿੰਗ ਵਿਚ ਸ੍ਰੀ ਅਕਾਲ ਤਖ਼ਤ ਵੱਲੋਂ ਦਿੱਤੇ ਹੁਕਮਨਾਮੇ ਦੀ ਉਲੰਘਣਾ ਕੀਤੀ ਗਈ ਹੈ। ਸਿੱਖ ਪੰਥ ਦੀ ਮਰਿਆਦਾ ਨੂੰ ਢਾਹ ਲਾਉਣ ਵਾਲੇ ਆਗੂਆਂ ਨੂੰ ਕੋਈ ਹੱਕ ਨਹੀਂ ਕਿ ਉਹ ਮੀਟਿੰਗਾਂ ਜਾਂ ਕਾਨਫਰੰਸਾਂ ਕਰਨ। ਸਿੱਖ ਵਿਚਾਰ ਸ. ਵਿਕਰਮ ਸਿੰਘ ਟਿਵਾਣਾ ਮੁੱਖ ਬੁਲਾਰਾ ਸ਼੍ਰੋਮਣੀ ਅਕਾਲੀ ਦਲ (ਅੰਮ੍ਰਿਤਸਰ) ਨੇ ਜਾਰੀ ਬਿਆਨ ਵਿਚ ਕਿਹਾ। 02 ਦਸੰਬਰ ਨੂੰ ਸ੍ਰੀ ਅਕਾਲ ਤਖ਼ਤ ਸਾਹਿਬ ਦੀ ਫ਼ਸੀਲ ਤੋਂ ਸਾਹਮਣੇ ਬਾਦਲ ਦਲੀਆਂ ਅਤੇ ਬਾਗੀ ਧੜੇ ਦੇ ਸਮੂਹ ਕੁਤਾਹੀਆਂ ਵਰਕਿੰਗ ਕਮੇਟੀ ਦੀ ਮੀਟਿੰਗ ਵਿਚ ਸ੍ਰੀ ਅਕਾਲ ਤਖ਼ਤ ਵੱਲੋਂ ਦਿੱਤੇ ਹੁਕਮਨਾਮੇ ਦੀ ਉਲੰਘਣਾ ਕੀਤੀ ਗਈ ਹੈ। ਸਿੱਖ ਪੰਥ ਦੀ ਮਰਿਆਦਾ ਨੂੰ ਢਾਹ ਲਾਉਣ ਵਾਲੇ ਆਗੂਆਂ ਨੂੰ ਕੋਈ ਹੱਕ ਨਹੀਂ ਕਿ ਉਹ ਮੀਟਿੰਗਾਂ ਜਾਂ ਕਾਨਫਰੰਸਾਂ ਕਰਨ। ਸਿੱਖ ਵਿਚਾਰ ਸ. ਵਿਕਰਮ ਸਿੰਘ ਟਿਵਾਣਾ ਮੁੱਖ ਬੁਲਾਰਾ ਸ਼੍ਰੋਮਣੀ ਅਕਾਲੀ ਦਲ (ਅੰਮ੍ਰਿਤਸਰ) ਨੇ ਜਾਰੀ ਬਿਆਨ ਵਿਚ ਕਿਹਾ। 02 ਦਸੰਬਰ ਨੂੰ ਸ੍ਰੀ ਅਕਾਲ ਤਖ਼ਤ ਸਾਹਿਬ ਦੀ ਫ਼ਸੀਲ ਤੋਂ ਸਾਹਮਣੇ ਬਾਦਲ ਦਲੀਆਂ ਅਤੇ ਬਾਗੀ ਧੜੇ ਦੇ ਸਮੂਹ ਕੁਤਾਹੀਆਂ ਵਰਕਿੰਗ ਕਮੇਟੀ ਦੀ ਮੀਟਿੰਗ ਵਿਚ ਸ੍ਰੀ ਅਕਾਲ ਤਖ਼ਤ ਵੱਲੋਂ ਦਿੱਤੇ ਹੁਕਮਨਾਮੇ ਦੀ ਉਲੰਘਣਾ ਕੀਤੀ ਗਈ ਹੈ। ਸਿੱਖ ਪੰਥ ਦੀ ਮਰਿਆਦਾ ਨੂੰ ਢਾਹ ਲਾਉਣ ਵਾਲੇ ਆਗੂਆਂ ਨੂੰ ਕੋਈ ਹੱਕ ਨਹੀਂ ਕਿ ਉਹ ਮੀਟਿੰਗਾਂ ਜਾਂ ਕਾਨਫਰੰਸਾਂ ਕਰਨ। ਸਿੱਖ ਵਿਚਾਰ ਸ. ਵਿਕਰਮ ਸਿੰਘ ਟਿਵਾਣਾ ਮੁੱਖ ਬੁਲਾਰਾ ਸ਼੍ਰੋਮਣੀ ਅਕਾਲੀ ਦਲ (ਅੰਮ੍ਰਿਤਸਰ) ਨੇ ਜਾਰੀ ਬਿਆਨ ਵਿਚ ਕਿਹਾ। 02 ਦਸੰਬਰ ਨੂੰ ਸ੍ਰੀ ਅਕਾਲ ਤਖ਼ਤ ਸਾਹਿਬ ਦੀ ਫ਼ਸੀਲ ਤੋਂ ਸਾਹਮਣੇ ਬਾਦਲ ਦਲੀਆਂ ਅਤੇ ਬਾਗੀ ਧੜੇ ਦੇ ਸਮੂਹ ਕੁਤਾਹੀਆਂ ਵਰਕਿੰਗ ਕਮੇਟੀ ਦੀ ਮੀਟਿੰਗ ਵਿਚ ਸ੍ਰੀ ਅਕਾਲ ਤਖ਼ਤ ਵੱਲੋਂ ਦਿੱਤੇ ਹੁਕਮਨਾਮੇ ਦੀ ਉਲੰਘਣਾ ਕੀਤੀ ਗਈ ਹੈ। ਸਿੱਖ ਪੰਥ ਦੀ ਮਰਿਆਦਾ ਨੂੰ ਢਾਹ ਲਾਉਣ ਵਾਲੇ ਆਗੂਆਂ ਨੂੰ ਕੋਈ ਹੱਕ ਨਹੀਂ ਕਿ ਉਹ ਮੀਟਿੰਗਾਂ ਜਾਂ ਕਾਨਫਰੰਸਾਂ ਕਰਨ। ਸਿੱਖ ਵਿਚਾਰ ਸ. ਵਿਕਰਮ ਸਿੰਘ ਟਿਵਾਣਾ ਮੁੱਖ ਬੁਲਾਰਾ ਸ਼੍ਰੋਮਣੀ ਅਕਾਲੀ ਦਲ (ਅੰਮ੍ਰਿਤਸਰ) ਨੇ ਜਾਰੀ ਬਿਆਨ ਵਿਚ ਕਿਹਾ। 02 ਦਸੰਬਰ ਨੂੰ ਸ੍ਰੀ ਅਕਾਲ ਤਖ਼ਤ ਸਾਹਿਬ ਦੀ ਫ਼ਸੀਲ ਤੋਂ ਸਾਹਮਣੇ ਬਾਦਲ ਦਲੀਆਂ ਅਤੇ ਬਾਗੀ ਧੜੇ ਦੇ ਸਮੂਹ ਕੁਤਾਹੀਆਂ ਵਰਕਿੰਗ ਕਮੇਟੀ ਦੀ ਮੀਟਿੰਗ ਵਿਚ ਸ੍ਰੀ ਅਕਾਲ ਤਖ਼ਤ ਵੱਲੋਂ ਦਿੱਤੇ ਹੁਕਮਨਾਮੇ ਦੀ ਉਲੰਘਣਾ ਕੀਤੀ ਗਈ ਹੈ। ਸਿੱਖ ਪੰਥ ਦੀ ਮਰਿਆਦਾ ਨੂੰ ਢਾਹ ਲਾਉਣ ਵਾਲੇ ਆਗੂਆਂ ਨੂੰ ਕੋਈ ਹੱਕ ਨਹੀਂ ਕਿ ਉਹ ਮੀਟਿੰਗਾਂ ਜਾਂ ਕਾਨਫਰੰਸਾਂ ਕਰਨ। ਸਿੱਖ ਵਿਚਾਰ ਸ. ਵਿਕਰਮ ਸਿੰਘ ਟਿਵਾਣਾ ਮੁੱਖ ਬੁਲਾਰਾ ਸ਼੍ਰੋਮਣੀ ਅਕਾਲੀ ਦਲ (ਅੰਮ੍ਰਿਤਸਰ) ਨੇ ਜਾਰੀ ਬਿਆਨ ਵਿਚ ਕਿਹਾ। 02 ਦਸੰਬਰ ਨੂੰ ਸ੍ਰੀ ਅਕਾਲ ਤਖ਼ਤ ਸਾਹਿਬ ਦੀ ਫ਼ਸੀਲ ਤੋਂ ਸਾਹਮਣੇ ਬਾਦਲ ਦਲੀਆਂ ਅਤੇ ਬਾਗੀ ਧੜੇ ਦੇ ਸਮੂਹ ਕੁਤਾਹੀਆਂ ਵਰਕਿੰਗ ਕਮੇਟੀ ਦੀ ਮੀਟਿੰਗ ਵਿਚ ਸ੍ਰੀ ਅਕਾਲ ਤਖ਼ਤ ਵੱਲੋਂ ਦਿੱਤੇ ਹੁਕਮਨਾਮੇ ਦੀ ਉਲੰਘਣਾ ਕੀਤੀ ਗਈ ਹੈ। ਸਿੱਖ ਪੰਥ ਦੀ ਮਰਿਆਦਾ ਨੂੰ ਢਾਹ ਲਾਉਣ ਵਾਲੇ ਆਗੂਆਂ ਨੂੰ ਕੋਈ ਹੱਕ ਨਹੀਂ ਕਿ ਉਹ ਮੀਟਿੰਗਾਂ ਜਾਂ ਕਾਨਫਰੰਸਾਂ ਕਰਨ। ਸਿੱਖ ਵਿਚਾਰ ਸ. ਵਿਕਰਮ ਸਿੰਘ ਟਿਵਾਣਾ ਮੁੱਖ ਬੁਲਾਰਾ ਸ਼੍ਰੋਮਣੀ ਅਕਾਲੀ ਦਲ (ਅੰਮ੍ਰਿਤਸਰ) ਨੇ ਜਾਰੀ ਬਿਆਨ ਵਿਚ ਕਿਹਾ। 02 ਦਸੰਬਰ ਨੂੰ ਸ੍ਰੀ ਅਕਾਲ ਤਖ਼ਤ ਸਾਹਿਬ ਦੀ ਫ਼ਸੀਲ ਤੋਂ ਸਾਹਮਣੇ ਬਾਦਲ ਦਲੀਆਂ ਅਤੇ ਬਾਗੀ ਧੜੇ ਦੇ ਸਮੂਹ ਕੁਤਾਹੀਆਂ ਵਰਕਿੰਗ ਕਮੇਟੀ ਦੀ ਮੀਟਿੰਗ ਵਿਚ ਸ੍ਰੀ ਅਕਾਲ ਤਖ਼ਤ ਵੱਲੋਂ ਦਿੱਤੇ ਹੁਕਮਨਾਮੇ ਦੀ ਉਲੰਘਣਾ ਕੀਤੀ ਗਈ ਹੈ। ਸਿੱਖ ਪੰਥ ਦੀ ਮਰਿਆਦਾ ਨੂੰ ਢਾਹ ਲਾਉਣ ਵਾਲੇ ਆਗੂਆਂ ਨੂੰ ਕੋਈ ਹੱਕ ਨਹੀਂ ਕਿ ਉਹ ਮੀਟਿੰਗਾਂ ਜਾਂ ਕਾਨਫਰੰਸਾਂ ਕਰਨ। ਸਿੱਖ ਵਿਚਾਰ ਸ. ਵਿਕਰਮ ਸਿੰਘ ਟਿਵਾਣਾ ਮੁੱਖ ਬੁਲਾਰਾ ਸ਼੍ਰੋਮਣੀ ਅਕਾਲੀ ਦਲ (ਅੰਮ੍ਰਿਤਸਰ) ਨੇ ਜਾਰੀ ਬਿਆਨ ਵਿਚ ਕਿਹਾ।
02 ਦਸੰਬਰ ਨੂੰ ਸ੍ਰੀ ਅਕਾਲ ਤਖ਼ਤ ਸਾਹਿਬ ਦੀ ਫ਼ਸੀਲ ਤੋਂ ਸਾਹਮਣੇ ਬਾਦਲ ਦਲੀਆਂ ਅਤੇ ਬਾਗੀ ਧੜੇ ਦੇ ਸਮੂਹ ਕੁਤਾਹੀਆਂ ਵਰਕਿੰਗ ਕਮੇਟੀ ਦੀ ਮੀਟਿੰਗ ਵਿਚ ਸ੍ਰੀ ਅਕਾਲ ਤਖ਼ਤ ਵੱਲੋਂ ਦਿੱਤੇ ਹੁਕਮਨਾਮੇ ਦੀ ਉਲੰਘਣਾ ਕੀਤੀ ਗਈ ਹੈ। ਸਿੱਖ ਪੰਥ ਦੀ ਮਰਿਆਦਾ ਨੂੰ ਢਾਹ ਲਾਉਣ ਵਾਲੇ ਆਗੂਆਂ ਨੂੰ ਕੋਈ ਹੱਕ ਨਹੀਂ ਕਿ ਉਹ ਮੀਟਿੰਗਾਂ ਜਾਂ ਕਾਨਫਰੰਸਾਂ ਕਰਨ। ਸਿੱਖ ਵਿਚਾਰ ਸ. ਵਿਕਰਮ ਸਿੰਘ ਟਿਵਾਣਾ ਮੁੱਖ ਬੁਲਾਰਾ ਸ਼੍ਰੋਮਣੀ ਅਕਾਲੀ ਦਲ (ਅੰਮ੍ਰਿਤਸਰ) ਨੇ ਜਾਰੀ ਬਿਆਨ ਵਿਚ ਕਿਹਾ। 02 ਦਸੰਬਰ ਨੂੰ ਸ੍ਰੀ ਅਕਾਲ ਤਖ਼ਤ ਸਾਹਿਬ ਦੀ ਫ਼ਸੀਲ ਤੋਂ ਸਾਹਮਣੇ ਬਾਦਲ ਦਲੀਆਂ ਅਤੇ ਬਾਗੀ ਧੜੇ ਦੇ ਸਮੂਹ ਕੁਤਾਹੀਆਂ ਵਰਕਿੰਗ ਕਮੇਟੀ ਦੀ ਮੀਟਿੰਗ ਵਿਚ ਸ੍ਰੀ ਅਕਾਲ ਤਖ਼ਤ ਵੱਲੋਂ ਦਿੱਤੇ ਹੁਕਮਨਾਮੇ ਦੀ ਉਲੰਘਣਾ ਕੀਤੀ ਗਈ ਹੈ। ਸਿੱਖ ਪੰਥ ਦੀ ਮਰਿਆਦਾ ਨੂੰ ਢਾਹ ਲਾਉਣ ਵਾਲੇ ਆਗੂਆਂ ਨੂੰ ਕੋਈ ਹੱਕ ਨਹੀਂ ਕਿ ਉਹ ਮੀਟਿੰਗਾਂ ਜਾਂ ਕਾਨਫਰੰਸਾਂ ਕਰਨ। ਸਿੱਖ ਵਿਚਾਰ ਸ. ਵਿਕਰਮ ਸਿੰਘ ਟਿਵਾਣਾ ਮੁੱਖ ਬੁਲਾਰਾ ਸ਼੍ਰੋਮਣੀ ਅਕਾਲੀ ਦਲ (ਅੰਮ੍ਰਿਤਸਰ) ਨੇ ਜਾਰੀ ਬਿਆਨ ਵਿਚ ਕਿਹਾ। 02 ਦਸੰਬਰ ਨੂੰ ਸ੍ਰੀ ਅਕਾਲ ਤਖ਼ਤ ਸਾਹਿਬ ਦੀ ਫ਼ਸੀਲ ਤੋਂ ਸਾਹਮਣੇ ਬਾਦਲ ਦਲੀਆਂ ਅਤੇ ਬਾਗੀ ਧੜੇ ਦੇ ਸਮੂਹ ਕੁਤਾਹੀਆਂ ਵਰਕਿੰਗ ਕਮੇਟੀ ਦੀ ਮੀਟਿੰਗ ਵਿਚ ਸ੍ਰੀ ਅਕਾਲ ਤਖ਼ਤ ਵੱਲੋਂ ਦਿੱਤੇ ਹੁਕਮਨਾਮੇ ਦੀ ਉਲੰਘਣਾ ਕੀਤੀ ਗਈ ਹੈ। ਸਿੱਖ ਪੰਥ ਦੀ ਮਰਿਆਦਾ ਨੂੰ ਢਾਹ ਲਾਉਣ ਵਾਲੇ ਆਗੂਆਂ ਨੂੰ ਕੋਈ ਹੱਕ ਨਹੀਂ ਕਿ ਉਹ ਮੀਟਿੰਗਾਂ ਜਾਂ ਕਾਨਫਰੰਸਾਂ ਕਰਨ। ਸਿੱਖ ਵਿਚਾਰ ਸ. ਵਿਕਰਮ ਸਿੰਘ ਟਿਵਾਣਾ ਮੁੱਖ ਬੁਲਾਰਾ ਸ਼੍ਰੋਮਣੀ ਅਕਾਲੀ ਦਲ (ਅੰਮ੍ਰਿਤਸਰ) ਨੇ ਜਾਰੀ ਬਿਆਨ ਵਿਚ ਕਿਹਾ।
- ਵਿਕਰਮ ਸਿੰਘ ਟਿਵਾਣਾ
9878344432
ਸੰਗਤ ਮੰਡੀ ਦਾ ਸੀਵਰੇਜ ਰਾਜਨੀਤੀ ਦੀ ਭੇਟ ਚੜ੍ਹਕੇ, ਬੰਦ ਹੋਣ ਕਿਨਾਰੇ..!
ਉਦਘਾਟਨ ਹੋਇਆ ਸੀਵਰੇਜ ਵਿਭਾਗ ਨੂੰ ਤਬਦੀਲ ਨਹੀਂ ਹੋਇਆ, ਲੋਕਾਂ ਲਈ ਬਣੀ ਸਿਰ ਦਰਦੀ। ਸੰਗਤ ਮੰਡੀ, 11 ਜਨਵਰੀ (ਪਰਮਜੀਤ ਸਿੰਘ ਮਾਨ) : ਸਥਾਨਕ ਸ਼ਹਿਰ ਦਾ ਸੀਵਰੇਜ ਸਿਸਟਮ ਰਾਜਨੀਤੀ ਦੀ ਭੇਟ ਚੜ੍ਹ ਗਿਆ ਹੈ। ਗਲੀਆਂ ਵਿਚ ਗੰਦਾ ਪਾਣੀ ਖੜ੍ਹਾ ਰਹਿੰਦਾ ਹੈ ਅਤੇ ਲੋਕਾਂ ਨੂੰ ਭਾਰੀ ਮੁਸ਼ਕਲਾਂ ਦਾ ਸਾਹਮਣਾ ਕਰਨਾ ਪੈ ਰਿਹਾ ਹੈ। ਨਗਰ ਕੌਂਸਲ ਦੇ ਪ੍ਰਧਾਨ ਅਤੇ ਅਧਿਕਾਰੀਆਂ ਨੂੰ ਕਈ ਵਾਰ ਜਾਣੂ ਕਰਵਾਇਆ ਗਿਆ। ਉਦਘਾਟਨ ਹੋਇਆ ਸੀਵਰੇਜ ਵਿਭਾਗ ਨੂੰ ਤਬਦੀਲ ਨਹੀਂ ਹੋਇਆ, ਲੋਕਾਂ ਲਈ ਬਣੀ ਸਿਰ ਦਰਦੀ। ਸੰਗਤ ਮੰਡੀ, 11 ਜਨਵਰੀ (ਪਰਮਜੀਤ ਸਿੰਘ ਮਾਨ) : ਸਥਾਨਕ ਸ਼ਹਿਰ ਦਾ ਸੀਵਰੇਜ ਸਿਸਟਮ ਰਾਜਨੀਤੀ ਦੀ ਭੇਟ ਚੜ੍ਹ ਗਿਆ ਹੈ। ਗਲੀਆਂ ਵਿਚ ਗੰਦਾ ਪਾਣੀ ਖੜ੍ਹਾ ਰਹਿੰਦਾ ਹੈ ਅਤੇ ਲੋਕਾਂ ਨੂੰ ਭਾਰੀ ਮੁਸ਼ਕਲਾਂ ਦਾ ਸਾਹਮਣਾ ਕਰਨਾ ਪੈ ਰਿਹਾ ਹੈ। ਨਗਰ ਕੌਂਸਲ ਦੇ ਪ੍ਰਧਾਨ ਅਤੇ ਅਧਿਕਾਰੀਆਂ ਨੂੰ ਕਈ ਵਾਰ ਜਾਣੂ ਕਰਵਾਇਆ ਗਿਆ। ਉਦਘਾਟਨ ਹੋਇਆ ਸੀਵਰੇਜ ਵਿਭਾਗ ਨੂੰ ਤਬਦੀਲ ਨਹੀਂ ਹੋਇਆ, ਲੋਕਾਂ ਲਈ ਬਣੀ ਸਿਰ ਦਰਦੀ। ਸੰਗਤ ਮੰਡੀ, 11 ਜਨਵਰੀ (ਪਰਮਜੀਤ ਸਿੰਘ ਮਾਨ) : ਸਥਾਨਕ ਸ਼ਹਿਰ ਦਾ ਸੀਵਰੇਜ ਸਿਸਟਮ ਰਾਜਨੀਤੀ ਦੀ ਭੇਟ ਚੜ੍ਹ ਗਿਆ ਹੈ। ਗਲੀਆਂ ਵਿਚ ਗੰਦਾ ਪਾਣੀ ਖੜ੍ਹਾ ਰਹਿੰਦਾ ਹੈ ਅਤੇ ਲੋਕਾਂ ਨੂੰ ਭਾਰੀ ਮੁਸ਼ਕਲਾਂ ਦਾ ਸਾਹਮਣਾ ਕਰਨਾ ਪੈ ਰਿਹਾ ਹੈ। ਨਗਰ ਕੌਂਸਲ ਦੇ ਪ੍ਰਧਾਨ ਅਤੇ ਅਧਿਕਾਰੀਆਂ ਨੂੰ ਕਈ ਵਾਰ ਜਾਣੂ ਕਰਵਾਇਆ ਗਿਆ। ਉਦਘਾਟਨ ਹੋਇਆ ਸੀਵਰੇਜ ਵਿਭਾਗ ਨੂੰ ਤਬਦੀਲ ਨਹੀਂ ਹੋਇਆ, ਲੋਕਾਂ ਲਈ ਬਣੀ ਸਿਰ ਦਰਦੀ। ਸੰਗਤ ਮੰਡੀ, 11 ਜਨਵਰੀ (ਪਰਮਜੀਤ ਸਿੰਘ ਮਾਨ) : ਸਥਾਨਕ ਸ਼ਹਿਰ ਦਾ ਸੀਵਰੇਜ ਸਿਸਟਮ ਰਾਜਨੀਤੀ ਦੀ ਭੇਟ ਚੜ੍ਹ ਗਿਆ ਹੈ। ਗਲੀਆਂ ਵਿਚ ਗੰਦਾ ਪਾਣੀ ਖੜ੍ਹਾ ਰਹਿੰਦਾ ਹੈ ਅਤੇ ਲੋਕਾਂ ਨੂੰ ਭਾਰੀ ਮੁਸ਼ਕਲਾਂ ਦਾ ਸਾਹਮਣਾ ਕਰਨਾ ਪੈ ਰਿਹਾ ਹੈ। ਨਗਰ ਕੌਂਸਲ ਦੇ ਪ੍ਰਧਾਨ ਅਤੇ ਅਧਿਕਾਰੀਆਂ ਨੂੰ ਕਈ ਵਾਰ ਜਾਣੂ ਕਰਵਾਇਆ ਗਿਆ। ਉਦਘਾਟਨ ਹੋਇਆ ਸੀਵਰੇਜ ਵਿਭਾਗ ਨੂੰ ਤਬਦੀਲ ਨਹੀਂ ਹੋਇਆ, ਲੋਕਾਂ ਲਈ ਬਣੀ ਸਿਰ ਦਰਦੀ। ਸੰਗਤ ਮੰਡੀ, 11 ਜਨਵਰੀ (ਪਰਮਜੀਤ ਸਿੰਘ ਮਾਨ) : ਸਥਾਨਕ ਸ਼ਹਿਰ ਦਾ ਸੀਵਰੇਜ ਸਿਸਟਮ ਰਾਜਨੀਤੀ ਦੀ ਭੇਟ ਚੜ੍ਹ ਗਿਆ ਹੈ। ਗਲੀਆਂ ਵਿਚ ਗੰਦਾ ਪਾਣੀ ਖੜ੍ਹਾ ਰਹਿੰਦਾ ਹੈ ਅਤੇ ਲੋਕਾਂ ਨੂੰ ਭਾਰੀ ਮੁਸ਼ਕਲਾਂ ਦਾ ਸਾਹਮਣਾ ਕਰਨਾ ਪੈ ਰਿਹਾ ਹੈ। ਨਗਰ ਕੌਂਸਲ ਦੇ ਪ੍ਰਧਾਨ ਅਤੇ ਅਧਿਕਾਰੀਆਂ ਨੂੰ ਕਈ ਵਾਰ ਜਾਣੂ ਕਰਵਾਇਆ ਗਿਆ। ਉਦਘਾਟਨ ਹੋਇਆ ਸੀਵਰੇਜ ਵਿਭਾਗ ਨੂੰ ਤਬਦੀਲ ਨਹੀਂ ਹੋਇਆ, ਲੋਕਾਂ ਲਈ ਬਣੀ ਸਿਰ ਦਰਦੀ। ਸੰਗਤ ਮੰਡੀ, 11 ਜਨਵਰੀ (ਪਰਮਜੀਤ ਸਿੰਘ ਮਾਨ) : ਸਥਾਨਕ ਸ਼ਹਿਰ ਦਾ ਸੀਵਰੇਜ ਸਿਸਟਮ ਰਾਜਨੀਤੀ ਦੀ ਭੇਟ ਚੜ੍ਹ ਗਿਆ ਹੈ। ਗਲੀਆਂ ਵਿਚ ਗੰਦਾ ਪਾਣੀ ਖੜ੍ਹਾ ਰਹਿੰਦਾ ਹੈ ਅਤੇ ਲੋਕਾਂ ਨੂੰ ਭਾਰੀ ਮੁਸ਼ਕਲਾਂ ਦਾ ਸਾਹਮਣਾ ਕਰਨਾ ਪੈ ਰਿਹਾ ਹੈ। ਨਗਰ ਕੌਂਸਲ ਦੇ ਪ੍ਰਧਾਨ ਅਤੇ ਅਧਿਕਾਰੀਆਂ ਨੂੰ ਕਈ ਵਾਰ ਜਾਣੂ ਕਰਵਾਇਆ ਗਿਆ। ਉਦਘਾਟਨ ਹੋਇਆ ਸੀਵਰੇਜ ਵਿਭਾਗ ਨੂੰ ਤਬਦੀਲ ਨਹੀਂ ਹੋਇਆ, ਲੋਕਾਂ ਲਈ ਬਣੀ ਸਿਰ ਦਰਦੀ। ਸੰਗਤ ਮੰਡੀ, 11 ਜਨਵਰੀ (ਪਰਮਜੀਤ ਸਿੰਘ ਮਾਨ) : ਸਥਾਨਕ ਸ਼ਹਿਰ ਦਾ ਸੀਵਰੇਜ ਸਿਸਟਮ ਰਾਜਨੀਤੀ ਦੀ ਭੇਟ ਚੜ੍ਹ ਗਿਆ ਹੈ। ਗਲੀਆਂ ਵਿਚ ਗੰਦਾ ਪਾਣੀ ਖੜ੍ਹਾ ਰਹਿੰਦਾ ਹੈ ਅਤੇ ਲੋਕਾਂ ਨੂੰ ਭਾਰੀ ਮੁਸ਼ਕਲਾਂ ਦਾ ਸਾਹਮਣਾ ਕਰਨਾ ਪੈ ਰਿਹਾ ਹੈ। ਨਗਰ ਕੌਂਸਲ ਦੇ ਪ੍ਰਧਾਨ ਅਤੇ ਅਧਿਕਾਰੀਆਂ ਨੂੰ ਕਈ ਵਾਰ ਜਾਣੂ ਕਰਵਾਇਆ ਗਿਆ। ਉਦਘਾਟਨ ਹੋਇਆ ਸੀਵਰੇਜ ਵਿਭਾਗ ਨੂੰ ਤਬਦੀਲ ਨਹੀਂ ਹੋਇਆ, ਲੋਕਾਂ ਲਈ ਬਣੀ ਸਿਰ ਦਰਦੀ। ਸੰਗਤ ਮੰਡੀ, 11 ਜਨਵਰੀ (ਪਰਮਜੀਤ ਸਿੰਘ ਮਾਨ) : ਸਥਾਨਕ ਸ਼ਹਿਰ ਦਾ ਸੀਵਰੇਜ ਸਿਸਟਮ ਰਾਜਨੀਤੀ ਦੀ ਭੇਟ ਚੜ੍ਹ ਗਿਆ ਹੈ। ਗਲੀਆਂ ਵਿਚ ਗੰਦਾ ਪਾਣੀ ਖੜ੍ਹਾ ਰਹਿੰਦਾ ਹੈ ਅਤੇ ਲੋਕਾਂ ਨੂੰ ਭਾਰੀ ਮੁਸ਼ਕਲਾਂ ਦਾ ਸਾਹਮਣਾ ਕਰਨਾ ਪੈ ਰਿਹਾ ਹੈ। ਨਗਰ ਕੌਂਸਲ ਦੇ ਪ੍ਰਧਾਨ ਅਤੇ ਅਧਿਕਾਰੀਆਂ ਨੂੰ ਕਈ ਵਾਰ ਜਾਣੂ ਕਰਵਾਇਆ ਗਿਆ।
ਸੰਤ ਬਾਬਾ ਗੁਰਦੀਪ ਸਿੰਘ ਦੀ ਰਹਿਨੁਮਾਈ ਹੇਠ ਬਿਰਧ ਆਸ਼ਰਮ ਦੇ ਬਜ਼ੁਰਗਾਂ ਨੂੰ ਵੰਡੇ ਗਰਮ ਕੱਪੜੇ
ਸੱਚਖੰਡ ਵਾਸੀ ਸੰਤ ਬਾਬਾ ਨਛੱਤਰ ਸਿੰਘ ਜੀ ਵੱਲੋਂ ਬਣਾਇਆ ਗਿਆ ਬਿਰਧ ਆਸ਼ਰਮ ਸਾਡੇ ਨਗਰ ਦਾ ਨਾਮ ਰੋਸ਼ਨ ਕਰ ਰਿਹਾ ਹੈ - ਨਿਰਮਲ ਸਿੰਘ ਡੇਅਰੀਵਾਲਾ
ਮੁੱਖ ਪ੍ਰਬੰਧਕ ਸੰਤ ਬਾਬਾ ਨਛੱਤਰ ਸਿੰਘ ਜੀ
ਬਾਬਾ ਪੁਰਾਣਾ, 11 ਜਨਵਰੀ (ਨਿਰਮਲ ਸਿੰਘ) - ਸੰਤ ਬਾਬਾ ਗੁਰਦੀਪ ਸਿੰਘ ਜੀ ਦੀ ਰਹਿਨੁਮਾਈ ਹੇਠ ਬਿਰਧ ਆਸ਼ਰਮ ਵਿਖੇ ਬਜ਼ੁਰਗਾਂ ਨੂੰ ਗਰਮ ਕੱਪੜੇ ਵੰਡੇ ਗਏ। ਇਸ ਮੌਕੇ ਸੰਤ ਬਾਬਾ ਗੁਰਦੀਪ ਸਿੰਘ ਜੀ ਨੇ ਕਿਹਾ ਕਿ ਬਜ਼ੁਰਗਾਂ ਦੀ ਸੇਵਾ ਸਭ ਤੋਂ ਵੱਡੀ ਸੇਵਾ ਹੈ। ਇਸ ਮੌਕੇ ਪਿੰਡ ਦੇ ਪਤਵੰਤੇ ਸੱਜਣ, ਸੇਵਾਦਾਰ ਅਤੇ ਸੰਗਤਾਂ ਵੱਡੀ ਗਿਣਤੀ ਵਿਚ ਹਾਜ਼ਰ ਸਨ। ਬਾਬਾ ਪੁਰਾਣਾ, 11 ਜਨਵਰੀ (ਨਿਰਮਲ ਸਿੰਘ) - ਸੰਤ ਬਾਬਾ ਗੁਰਦੀਪ ਸਿੰਘ ਜੀ ਦੀ ਰਹਿਨੁਮਾਈ ਹੇਠ ਬਿਰਧ ਆਸ਼ਰਮ ਵਿਖੇ ਬਜ਼ੁਰਗਾਂ ਨੂੰ ਗਰਮ ਕੱਪੜੇ ਵੰਡੇ ਗਏ। ਇਸ ਮੌਕੇ ਸੰਤ ਬਾਬਾ ਗੁਰਦੀਪ ਸਿੰਘ ਜੀ ਨੇ ਕਿਹਾ ਕਿ ਬਜ਼ੁਰਗਾਂ ਦੀ ਸੇਵਾ ਸਭ ਤੋਂ ਵੱਡੀ ਸੇਵਾ ਹੈ। ਇਸ ਮੌਕੇ ਪਿੰਡ ਦੇ ਪਤਵੰਤੇ ਸੱਜਣ, ਸੇਵਾਦਾਰ ਅਤੇ ਸੰਗਤਾਂ ਵੱਡੀ ਗਿਣਤੀ ਵਿਚ ਹਾਜ਼ਰ ਸਨ। ਬਾਬਾ ਪੁਰਾਣਾ, 11 ਜਨਵਰੀ (ਨਿਰਮਲ ਸਿੰਘ) - ਸੰਤ ਬਾਬਾ ਗੁਰਦੀਪ ਸਿੰਘ ਜੀ ਦੀ ਰਹਿਨੁਮਾਈ ਹੇਠ ਬਿਰਧ ਆਸ਼ਰਮ ਵਿਖੇ ਬਜ਼ੁਰਗਾਂ ਨੂੰ ਗਰਮ ਕੱਪੜੇ ਵੰਡੇ ਗਏ। ਇਸ ਮੌਕੇ ਸੰਤ ਬਾਬਾ ਗੁਰਦੀਪ ਸਿੰਘ ਜੀ ਨੇ ਕਿਹਾ ਕਿ ਬਜ਼ੁਰਗਾਂ ਦੀ ਸੇਵਾ ਸਭ ਤੋਂ ਵੱਡੀ ਸੇਵਾ ਹੈ। ਇਸ ਮੌਕੇ ਪਿੰਡ ਦੇ ਪਤਵੰਤੇ ਸੱਜਣ, ਸੇਵਾਦਾਰ ਅਤੇ ਸੰਗਤਾਂ ਵੱਡੀ ਗਿਣਤੀ ਵਿਚ ਹਾਜ਼ਰ ਸਨ। ਬਾਬਾ ਪੁਰਾਣਾ, 11 ਜਨਵਰੀ (ਨਿਰਮਲ ਸਿੰਘ) - ਸੰਤ ਬਾਬਾ ਗੁਰਦੀਪ ਸਿੰਘ ਜੀ ਦੀ ਰਹਿਨੁਮਾਈ ਹੇਠ ਬਿਰਧ ਆਸ਼ਰਮ ਵਿਖੇ ਬਜ਼ੁਰਗਾਂ ਨੂੰ ਗਰਮ ਕੱਪੜੇ ਵੰਡੇ ਗਏ। ਇਸ ਮੌਕੇ ਸੰਤ ਬਾਬਾ ਗੁਰਦੀਪ ਸਿੰਘ ਜੀ ਨੇ ਕਿਹਾ ਕਿ ਬਜ਼ੁਰਗਾਂ ਦੀ ਸੇਵਾ ਸਭ ਤੋਂ ਵੱਡੀ ਸੇਵਾ ਹੈ। ਇਸ ਮੌਕੇ ਪਿੰਡ ਦੇ ਪਤਵੰਤੇ ਸੱਜਣ, ਸੇਵਾਦਾਰ ਅਤੇ ਸੰਗਤਾਂ ਵੱਡੀ ਗਿਣਤੀ ਵਿਚ ਹਾਜ਼ਰ ਸਨ। ਬਾਬਾ ਪੁਰਾਣਾ, 11 ਜਨਵਰੀ (ਨਿਰਮਲ ਸਿੰਘ) - ਸੰਤ ਬਾਬਾ ਗੁਰਦੀਪ ਸਿੰਘ ਜੀ ਦੀ ਰਹਿਨੁਮਾਈ ਹੇਠ ਬਿਰਧ ਆਸ਼ਰਮ ਵਿਖੇ ਬਜ਼ੁਰਗਾਂ ਨੂੰ ਗਰਮ ਕੱਪੜੇ ਵੰਡੇ ਗਏ। ਇਸ ਮੌਕੇ ਸੰਤ ਬਾਬਾ ਗੁਰਦੀਪ ਸਿੰਘ ਜੀ ਨੇ ਕਿਹਾ ਕਿ ਬਜ਼ੁਰਗਾਂ ਦੀ ਸੇਵਾ ਸਭ ਤੋਂ ਵੱਡੀ ਸੇਵਾ ਹੈ। ਇਸ ਮੌਕੇ ਪਿੰਡ ਦੇ ਪਤਵੰਤੇ ਸੱਜਣ, ਸੇਵਾਦਾਰ ਅਤੇ ਸੰਗਤਾਂ ਵੱਡੀ ਗਿਣਤੀ ਵਿਚ ਹਾਜ਼ਰ ਸਨ। ਬਾਬਾ ਪੁਰਾਣਾ, 11 ਜਨਵਰੀ (ਨਿਰਮਲ ਸਿੰਘ) - ਸੰਤ ਬਾਬਾ ਗੁਰਦੀਪ ਸਿੰਘ ਜੀ ਦੀ ਰਹਿਨੁਮਾਈ ਹੇਠ ਬਿਰਧ ਆਸ਼ਰਮ ਵਿਖੇ ਬਜ਼ੁਰਗਾਂ ਨੂੰ ਗਰਮ ਕੱਪੜੇ ਵੰਡੇ ਗਏ। ਇਸ ਮੌਕੇ ਸੰਤ ਬਾਬਾ ਗੁਰਦੀਪ ਸਿੰਘ ਜੀ ਨੇ ਕਿਹਾ ਕਿ ਬਜ਼ੁਰਗਾਂ ਦੀ ਸੇਵਾ ਸਭ ਤੋਂ ਵੱਡੀ ਸੇਵਾ ਹੈ। ਇਸ ਮੌਕੇ ਪਿੰਡ ਦੇ ਪਤਵੰਤੇ ਸੱਜਣ, ਸੇਵਾਦਾਰ ਅਤੇ ਸੰਗਤਾਂ ਵੱਡੀ ਗਿਣਤੀ ਵਿਚ ਹਾਜ਼ਰ ਸਨ।
ਸਾਕਾ ਦਿਵਾਸ ਐਨ.ਕੇ. ਸ਼ਰਮਾ ਨੇ ਜ਼ਿਲ੍ਹਾ ਪ੍ਰਸ਼ਾਸਨ ਵੱਲੋਂ ਜ਼ੀਰਕਪੁਰ ਨਗਰ ਕੌਂਸਲ ਦੇ ਪੈਸਿਆਂ ਦੀ ਫ਼ਜ਼ੂਲ ਖਰਚੀ ਦੀ ਕੀਤੀ ਨਿਖੇਧੀ
ਸ਼੍ਰੋਮਣੀ ਅਕਾਲੀ ਦਲ ਦੇ 8 ਕੌਂਸਲਰ ਬੁੱਧਵਾਰ ਨੂੰ ਸ਼ਹਿਰ ਦੇ ਰੁਕੇ ਹੋਏ ਫੰਡਾਂ ਦੀ ਦੁਰਵਰਤੋਂ ਨੂੰ ਲੈ ਡੀ.ਸੀ. ਨਾਲ ਕਰਨਗੇ ਮੁਲਾਕਾਤ
ਬਾਬਾ ਪੁਰਾਣਾ, 11 ਜਨਵਰੀ (ਨਿਰਮਲ ਸਿੰਘ) - ਸੰਤ ਬਾਬਾ ਗੁਰਦੀਪ ਸਿੰਘ ਜੀ ਦੀ ਰਹਿਨੁਮਾਈ ਹੇਠ ਬਿਰਧ ਆਸ਼ਰਮ ਵਿਖੇ ਬਜ਼ੁਰਗਾਂ ਨੂੰ ਗਰਮ ਕੱਪੜੇ ਵੰਡੇ ਗਏ। ਇਸ ਮੌਕੇ ਸੰਤ ਬਾਬਾ ਗੁਰਦੀਪ ਸਿੰਘ ਜੀ ਨੇ ਕਿਹਾ ਕਿ ਬਜ਼ੁਰਗਾਂ ਦੀ ਸੇਵਾ ਸਭ ਤੋਂ ਵੱਡੀ ਸੇਵਾ ਹੈ। ਇਸ ਮੌਕੇ ਪਿੰਡ ਦੇ ਪਤਵੰਤੇ ਸੱਜਣ, ਸੇਵਾਦਾਰ ਅਤੇ ਸੰਗਤਾਂ ਵੱਡੀ ਗਿਣਤੀ ਵਿਚ ਹਾਜ਼ਰ ਸਨ। ਬਾਬਾ ਪੁਰਾਣਾ, 11 ਜਨਵਰੀ (ਨਿਰਮਲ ਸਿੰਘ) - ਸੰਤ ਬਾਬਾ ਗੁਰਦੀਪ ਸਿੰਘ ਜੀ ਦੀ ਰਹਿਨੁਮਾਈ ਹੇਠ ਬਿਰਧ ਆਸ਼ਰਮ ਵਿਖੇ ਬਜ਼ੁਰਗਾਂ ਨੂੰ ਗਰਮ ਕੱਪੜੇ ਵੰਡੇ ਗਏ। ਇਸ ਮੌਕੇ ਸੰਤ ਬਾਬਾ ਗੁਰਦੀਪ ਸਿੰਘ ਜੀ ਨੇ ਕਿਹਾ ਕਿ ਬਜ਼ੁਰਗਾਂ ਦੀ ਸੇਵਾ ਸਭ ਤੋਂ ਵੱਡੀ ਸੇਵਾ ਹੈ। ਇਸ ਮੌਕੇ ਪਿੰਡ ਦੇ ਪਤਵੰਤੇ ਸੱਜਣ, ਸੇਵਾਦਾਰ ਅਤੇ ਸੰਗਤਾਂ ਵੱਡੀ ਗਿਣਤੀ ਵਿਚ ਹਾਜ਼ਰ ਸਨ।
ਜ਼ੀਰਕਪੁਰ, 11 ਜਨਵਰੀ (ਅਵਤਾਰ ਸਿੰਘ ਧਾਲੀਵਾਲ) - ਸ਼੍ਰੋਮਣੀ ਅਕਾਲੀ ਦਲ ਦੇ ਸੀਨੀਅਰ ਆਗੂ ਐਨ.ਕੇ. ਸ਼ਰਮਾ ਨੇ ਪ੍ਰੈਸ ਕਾਨਫਰੰਸ ਦੌਰਾਨ ਕਿਹਾ ਕਿ ਜ਼ਿਲ੍ਹਾ ਪ੍ਰਸ਼ਾਸਨ ਵੱਲੋਂ 300 ਕਰੋੜ ਰੁਪਏ ਦੇ ਵਿਕਾਸ ਕਾਰਜਾਂ ਦੇ ਨਾਂ ਉੱਤੇ ਨਗਰ ਕੌਂਸਲ ਦੇ ਪੈਸਿਆਂ ਦੀ ਫ਼ਜ਼ੂਲ ਖਰਚੀ ਕੀਤੀ ਜਾ ਰਹੀ ਹੈ। ਉਨ੍ਹਾਂ ਕਿਹਾ ਕਿ ਅਕਾਲੀ ਦਲ ਦੇ 8 ਕੌਂਸਲਰ ਬੁੱਧਵਾਰ ਨੂੰ ਡੀ.ਸੀ. ਨਾਲ ਮੁਲਾਕਾਤ ਕਰਨਗੇ। ਜ਼ੀਰਕਪੁਰ, 11 ਜਨਵਰੀ (ਅਵਤਾਰ ਸਿੰਘ ਧਾਲੀਵਾਲ) - ਸ਼੍ਰੋਮਣੀ ਅਕਾਲੀ ਦਲ ਦੇ ਸੀਨੀਅਰ ਆਗੂ ਐਨ.ਕੇ. ਸ਼ਰਮਾ ਨੇ ਪ੍ਰੈਸ ਕਾਨਫਰੰਸ ਦੌਰਾਨ ਕਿਹਾ ਕਿ ਜ਼ਿਲ੍ਹਾ ਪ੍ਰਸ਼ਾਸਨ ਵੱਲੋਂ 300 ਕਰੋੜ ਰੁਪਏ ਦੇ ਵਿਕਾਸ ਕਾਰਜਾਂ ਦੇ ਨਾਂ ਉੱਤੇ ਨਗਰ ਕੌਂਸਲ ਦੇ ਪੈਸਿਆਂ ਦੀ ਫ਼ਜ਼ੂਲ ਖਰਚੀ ਕੀਤੀ ਜਾ ਰਹੀ ਹੈ। ਉਨ੍ਹਾਂ ਕਿਹਾ ਕਿ ਅਕਾਲੀ ਦਲ ਦੇ 8 ਕੌਂਸਲਰ ਬੁੱਧਵਾਰ ਨੂੰ ਡੀ.ਸੀ. ਨਾਲ ਮੁਲਾਕਾਤ ਕਰਨਗੇ। ਜ਼ੀਰਕਪੁਰ, 11 ਜਨਵਰੀ (ਅਵਤਾਰ ਸਿੰਘ ਧਾਲੀਵਾਲ) - ਸ਼੍ਰੋਮਣੀ ਅਕਾਲੀ ਦਲ ਦੇ ਸੀਨੀਅਰ ਆਗੂ ਐਨ.ਕੇ. ਸ਼ਰਮਾ ਨੇ ਪ੍ਰੈਸ ਕਾਨਫਰੰਸ ਦੌਰਾਨ ਕਿਹਾ ਕਿ ਜ਼ਿਲ੍ਹਾ ਪ੍ਰਸ਼ਾਸਨ ਵੱਲੋਂ 300 ਕਰੋੜ ਰੁਪਏ ਦੇ ਵਿਕਾਸ ਕਾਰਜਾਂ ਦੇ ਨਾਂ ਉੱਤੇ ਨਗਰ ਕੌਂਸਲ ਦੇ ਪੈਸਿਆਂ ਦੀ ਫ਼ਜ਼ੂਲ ਖਰਚੀ ਕੀਤੀ ਜਾ ਰਹੀ ਹੈ। ਉਨ੍ਹਾਂ ਕਿਹਾ ਕਿ ਅਕਾਲੀ ਦਲ ਦੇ 8 ਕੌਂਸਲਰ ਬੁੱਧਵਾਰ ਨੂੰ ਡੀ.ਸੀ. ਨਾਲ ਮੁਲਾਕਾਤ ਕਰਨਗੇ। ਜ਼ੀਰਕਪੁਰ, 11 ਜਨਵਰੀ (ਅਵਤਾਰ ਸਿੰਘ ਧਾਲੀਵਾਲ) - ਸ਼੍ਰੋਮਣੀ ਅਕਾਲੀ ਦਲ ਦੇ ਸੀਨੀਅਰ ਆਗੂ ਐਨ.ਕੇ. ਸ਼ਰਮਾ ਨੇ ਪ੍ਰੈਸ ਕਾਨਫਰੰਸ ਦੌਰਾਨ ਕਿਹਾ ਕਿ ਜ਼ਿਲ੍ਹਾ ਪ੍ਰਸ਼ਾਸਨ ਵੱਲੋਂ 300 ਕਰੋੜ ਰੁਪਏ ਦੇ ਵਿਕਾਸ ਕਾਰਜਾਂ ਦੇ ਨਾਂ ਉੱਤੇ ਨਗਰ ਕੌਂਸਲ ਦੇ ਪੈਸਿਆਂ ਦੀ ਫ਼ਜ਼ੂਲ ਖਰਚੀ ਕੀਤੀ ਜਾ ਰਹੀ ਹੈ। ਉਨ੍ਹਾਂ ਕਿਹਾ ਕਿ ਅਕਾਲੀ ਦਲ ਦੇ 8 ਕੌਂਸਲਰ ਬੁੱਧਵਾਰ ਨੂੰ ਡੀ.ਸੀ. ਨਾਲ ਮੁਲਾਕਾਤ ਕਰਨਗੇ। ਜ਼ੀਰਕਪੁਰ, 11 ਜਨਵਰੀ (ਅਵਤਾਰ ਸਿੰਘ ਧਾਲੀਵਾਲ) - ਸ਼੍ਰੋਮਣੀ ਅਕਾਲੀ ਦਲ ਦੇ ਸੀਨੀਅਰ ਆਗੂ ਐਨ.ਕੇ. ਸ਼ਰਮਾ ਨੇ ਪ੍ਰੈਸ ਕਾਨਫਰੰਸ ਦੌਰਾਨ ਕਿਹਾ ਕਿ ਜ਼ਿਲ੍ਹਾ ਪ੍ਰਸ਼ਾਸਨ ਵੱਲੋਂ 300 ਕਰੋੜ ਰੁਪਏ ਦੇ ਵਿਕਾਸ ਕਾਰਜਾਂ ਦੇ ਨਾਂ ਉੱਤੇ ਨਗਰ ਕੌਂਸਲ ਦੇ ਪੈਸਿਆਂ ਦੀ ਫ਼ਜ਼ੂਲ ਖਰਚੀ ਕੀਤੀ ਜਾ ਰਹੀ ਹੈ। ਉਨ੍ਹਾਂ ਕਿਹਾ ਕਿ ਅਕਾਲੀ ਦਲ ਦੇ 8 ਕੌਂਸਲਰ ਬੁੱਧਵਾਰ ਨੂੰ ਡੀ.ਸੀ. ਨਾਲ ਮੁਲਾਕਾਤ ਕਰਨਗੇ।
ਜ਼ੀਰਕਪੁਰ, 11 ਜਨਵਰੀ (ਅਵਤਾਰ ਸਿੰਘ ਧਾਲੀਵਾਲ) - ਸ਼੍ਰੋਮਣੀ ਅਕਾਲੀ ਦਲ ਦੇ ਸੀਨੀਅਰ ਆਗੂ ਐਨ.ਕੇ. ਸ਼ਰਮਾ ਨੇ ਪ੍ਰੈਸ ਕਾਨਫਰੰਸ ਦੌਰਾਨ ਕਿਹਾ ਕਿ ਜ਼ਿਲ੍ਹਾ ਪ੍ਰਸ਼ਾਸਨ ਵੱਲੋਂ 300 ਕਰੋੜ ਰੁਪਏ ਦੇ ਵਿਕਾਸ ਕਾਰਜਾਂ ਦੇ ਨਾਂ ਉੱਤੇ ਨਗਰ ਕੌਂਸਲ ਦੇ ਪੈਸਿਆਂ ਦੀ ਫ਼ਜ਼ੂਲ ਖਰਚੀ ਕੀਤੀ ਜਾ ਰਹੀ ਹੈ। ਉਨ੍ਹਾਂ ਕਿਹਾ ਕਿ ਅਕਾਲੀ ਦਲ ਦੇ 8 ਕੌਂਸਲਰ ਬੁੱਧਵਾਰ ਨੂੰ ਡੀ.ਸੀ. ਨਾਲ ਮੁਲਾਕਾਤ ਕਰਨਗੇ। ਜ਼ੀਰਕਪੁਰ, 11 ਜਨਵਰੀ (ਅਵਤਾਰ ਸਿੰਘ ਧਾਲੀਵਾਲ) - ਸ਼੍ਰੋਮਣੀ ਅਕਾਲੀ ਦਲ ਦੇ ਸੀਨੀਅਰ ਆਗੂ ਐਨ.ਕੇ. ਸ਼ਰਮਾ ਨੇ ਪ੍ਰੈਸ ਕਾਨਫਰੰਸ ਦੌਰਾਨ ਕਿਹਾ ਕਿ ਜ਼ਿਲ੍ਹਾ ਪ੍ਰਸ਼ਾਸਨ ਵੱਲੋਂ 300 ਕਰੋੜ ਰੁਪਏ ਦੇ ਵਿਕਾਸ ਕਾਰਜਾਂ ਦੇ ਨਾਂ ਉੱਤੇ ਨਗਰ ਕੌਂਸਲ ਦੇ ਪੈਸਿਆਂ ਦੀ ਫ਼ਜ਼ੂਲ ਖਰਚੀ ਕੀਤੀ ਜਾ ਰਹੀ ਹੈ। ਉਨ੍ਹਾਂ ਕਿਹਾ ਕਿ ਅਕਾਲੀ ਦਲ ਦੇ 8 ਕੌਂਸਲਰ ਬੁੱਧਵਾਰ ਨੂੰ ਡੀ.ਸੀ. ਨਾਲ ਮੁਲਾਕਾਤ ਕਰਨਗੇ। ਜ਼ੀਰਕਪੁਰ, 11 ਜਨਵਰੀ (ਅਵਤਾਰ ਸਿੰਘ ਧਾਲੀਵਾਲ) - ਸ਼੍ਰੋਮਣੀ ਅਕਾਲੀ ਦਲ ਦੇ ਸੀਨੀਅਰ ਆਗੂ ਐਨ.ਕੇ. ਸ਼ਰਮਾ ਨੇ ਪ੍ਰੈਸ ਕਾਨਫਰੰਸ ਦੌਰਾਨ ਕਿਹਾ ਕਿ ਜ਼ਿਲ੍ਹਾ ਪ੍ਰਸ਼ਾਸਨ ਵੱਲੋਂ 300 ਕਰੋੜ ਰੁਪਏ ਦੇ ਵਿਕਾਸ ਕਾਰਜਾਂ ਦੇ ਨਾਂ ਉੱਤੇ ਨਗਰ ਕੌਂਸਲ ਦੇ ਪੈਸਿਆਂ ਦੀ ਫ਼ਜ਼ੂਲ ਖਰਚੀ ਕੀਤੀ ਜਾ ਰਹੀ ਹੈ। ਉਨ੍ਹਾਂ ਕਿਹਾ ਕਿ ਅਕਾਲੀ ਦਲ ਦੇ 8 ਕੌਂਸਲਰ ਬੁੱਧਵਾਰ ਨੂੰ ਡੀ.ਸੀ. ਨਾਲ ਮੁਲਾਕਾਤ ਕਰਨਗੇ।
ਜ਼ੀਰਕਪੁਰ, 11 ਜਨਵਰੀ (ਅਵਤਾਰ ਸਿੰਘ ਧਾਲੀਵਾਲ) - ਸ਼੍ਰੋਮਣੀ ਅਕਾਲੀ ਦਲ ਦੇ ਸੀਨੀਅਰ ਆਗੂ ਐਨ.ਕੇ. ਸ਼ਰਮਾ ਨੇ ਪ੍ਰੈਸ ਕਾਨਫਰੰਸ ਦੌਰਾਨ ਕਿਹਾ ਕਿ ਜ਼ਿਲ੍ਹਾ ਪ੍ਰਸ਼ਾਸਨ ਵੱਲੋਂ 300 ਕਰੋੜ ਰੁਪਏ ਦੇ ਵਿਕਾਸ ਕਾਰਜਾਂ ਦੇ ਨਾਂ ਉੱਤੇ ਨਗਰ ਕੌਂਸਲ ਦੇ ਪੈਸਿਆਂ ਦੀ ਫ਼ਜ਼ੂਲ ਖਰਚੀ ਕੀਤੀ ਜਾ ਰਹੀ ਹੈ। ਉਨ੍ਹਾਂ ਕਿਹਾ ਕਿ ਅਕਾਲੀ ਦਲ ਦੇ 8 ਕੌਂਸਲਰ ਬੁੱਧਵਾਰ ਨੂੰ ਡੀ.ਸੀ. ਨਾਲ ਮੁਲਾਕਾਤ ਕਰਨਗੇ। ਜ਼ੀਰਕਪੁਰ, 11 ਜਨਵਰੀ (ਅਵਤਾਰ ਸਿੰਘ ਧਾਲੀਵਾਲ) - ਸ਼੍ਰੋਮਣੀ ਅਕਾਲੀ ਦਲ ਦੇ ਸੀਨੀਅਰ ਆਗੂ ਐਨ.ਕੇ. ਸ਼ਰਮਾ ਨੇ ਪ੍ਰੈਸ ਕਾਨਫਰੰਸ ਦੌਰਾਨ ਕਿਹਾ ਕਿ ਜ਼ਿਲ੍ਹਾ ਪ੍ਰਸ਼ਾਸਨ ਵੱਲੋਂ 300 ਕਰੋੜ ਰੁਪਏ ਦੇ ਵਿਕਾਸ ਕਾਰਜਾਂ ਦੇ ਨਾਂ ਉੱਤੇ ਨਗਰ ਕੌਂਸਲ ਦੇ ਪੈਸਿਆਂ ਦੀ ਫ਼ਜ਼ੂਲ ਖਰਚੀ ਕੀਤੀ ਜਾ ਰਹੀ ਹੈ। ਉਨ੍ਹਾਂ ਕਿਹਾ ਕਿ ਅਕਾਲੀ ਦਲ ਦੇ 8 ਕੌਂਸਲਰ ਬੁੱਧਵਾਰ ਨੂੰ ਡੀ.ਸੀ. ਨਾਲ ਮੁਲਾਕਾਤ ਕਰਨਗੇ। ਜ਼ੀਰਕਪੁਰ, 11 ਜਨਵਰੀ (ਅਵਤਾਰ ਸਿੰਘ ਧਾਲੀਵਾਲ) - ਸ਼੍ਰੋਮਣੀ ਅਕਾਲੀ ਦਲ ਦੇ ਸੀਨੀਅਰ ਆਗੂ ਐਨ.ਕੇ. ਸ਼ਰਮਾ ਨੇ ਪ੍ਰੈਸ ਕਾਨਫਰੰਸ ਦੌਰਾਨ ਕਿਹਾ ਕਿ ਜ਼ਿਲ੍ਹਾ ਪ੍ਰਸ਼ਾਸਨ ਵੱਲੋਂ 300 ਕਰੋੜ ਰੁਪਏ ਦੇ ਵਿਕਾਸ ਕਾਰਜਾਂ ਦੇ ਨਾਂ ਉੱਤੇ ਨਗਰ ਕੌਂਸਲ ਦੇ ਪੈਸਿਆਂ ਦੀ ਫ਼ਜ਼ੂਲ ਖਰਚੀ ਕੀਤੀ ਜਾ ਰਹੀ ਹੈ। ਉਨ੍ਹਾਂ ਕਿਹਾ ਕਿ ਅਕਾਲੀ ਦਲ ਦੇ 8 ਕੌਂਸਲਰ ਬੁੱਧਵਾਰ ਨੂੰ ਡੀ.ਸੀ. ਨਾਲ ਮੁਲਾਕਾਤ ਕਰਨਗੇ। ਜ਼ੀਰਕਪੁਰ, 11 ਜਨਵਰੀ (ਅਵਤਾਰ ਸਿੰਘ ਧਾਲੀਵਾਲ) - ਸ਼੍ਰੋਮਣੀ ਅਕਾਲੀ ਦਲ ਦੇ ਸੀਨੀਅਰ ਆਗੂ ਐਨ.ਕੇ. ਸ਼ਰਮਾ ਨੇ ਪ੍ਰੈਸ ਕਾਨਫਰੰਸ ਦੌਰਾਨ ਕਿਹਾ ਕਿ ਜ਼ਿਲ੍ਹਾ ਪ੍ਰਸ਼ਾਸਨ ਵੱਲੋਂ 300 ਕਰੋੜ ਰੁਪਏ ਦੇ ਵਿਕਾਸ ਕਾਰਜਾਂ ਦੇ ਨਾਂ ਉੱਤੇ ਨਗਰ ਕੌਂਸਲ ਦੇ ਪੈਸਿਆਂ ਦੀ ਫ਼ਜ਼ੂਲ ਖਰਚੀ ਕੀਤੀ ਜਾ ਰਹੀ ਹੈ। ਉਨ੍ਹਾਂ ਕਿਹਾ ਕਿ ਅਕਾਲੀ ਦਲ ਦੇ 8 ਕੌਂਸਲਰ ਬੁੱਧਵਾਰ ਨੂੰ ਡੀ.ਸੀ. ਨਾਲ ਮੁਲਾਕਾਤ ਕਰਨਗੇ।
ਕਿਤੇ ਸਰਕਾਰਾਂ ਦੇ ਮੱਥੇ ਦਾ ਕਲੰਕ ਨਾ ਬਣ ਜਾਵੇ ਅੰਨ ਬਾਝੋਂ ਅੰਨਦਾਤੇ ਦੀ ਸ਼ਹਾਦਤ !
ਕੇਂਦਰ ਅਤੇ ਸੂਬਾ ਸਰਕਾਰਾਂ ਸੰਘਰਸ਼ ਪ੍ਰਤੀ ਸੰਵੇਦਨਹੀਣਤਾ ਤਿਆਗਣ
ਕਿਸੇ ਵੀ ਮੁਲਕ ਦੇ ਨਾਗਰਿਕਾਂ ਵੱਲੋਂ ਕੀਤੇ ਜਾਂਦੇ ਸ਼ਾਂਤਮਈ ਸੰਘਰਸ਼ ਪ੍ਰਤੀ ਸਰਕਾਰਾਂ ਦਾ ਰਵੱਈਆ ਸੰਵੇਦਨਸ਼ੀਲ ਹੋਣਾ ਚਾਹੀਦਾ ਹੈ। ਕਿਸਾਨ ਆਗੂ ਜਗਜੀਤ ਸਿੰਘ ਡੱਲੇਵਾਲ ਲੰਮੇ ਸਮੇਂ ਤੋਂ ਮਰਨ ਵਰਤ 'ਤੇ ਬੈਠੇ ਹਨ ਪਰ ਸਰਕਾਰਾਂ ਚੁੱਪ ਧਾਰੀ ਬੈਠੀਆਂ ਹਨ। ਲੋਕਤੰਤਰ ਵਿਚ ਨਾਗਰਿਕਾਂ ਦੀਆਂ ਮੰਗਾਂ ਪ੍ਰਤੀ ਸੁਹਿਰਦ ਪਹੁੰਚ ਅਪਣਾਉਣੀ ਸਮੇਂ ਦੀ ਲੋੜ ਹੈ। ਸਿੱਧੂ ਸਿੱਧੂ ਡੱਲੇਵਾਲ ਦੇ ਮਰਨ ਵਰਤ ਦੇ ਦਿਨ ਬੀਤ ਰਹੇ ਹਨ। ਕਿਸੇ ਵੀ ਮੁਲਕ ਦੇ ਨਾਗਰਿਕਾਂ ਵੱਲੋਂ ਕੀਤੇ ਜਾਂਦੇ ਸ਼ਾਂਤਮਈ ਸੰਘਰਸ਼ ਪ੍ਰਤੀ ਸਰਕਾਰਾਂ ਦਾ ਰਵੱਈਆ ਸੰਵੇਦਨਸ਼ੀਲ ਹੋਣਾ ਚਾਹੀਦਾ ਹੈ। ਕਿਸਾਨ ਆਗੂ ਜਗਜੀਤ ਸਿੰਘ ਡੱਲੇਵਾਲ ਲੰਮੇ ਸਮੇਂ ਤੋਂ ਮਰਨ ਵਰਤ 'ਤੇ ਬੈਠੇ ਹਨ ਪਰ ਸਰਕਾਰਾਂ ਚੁੱਪ ਧਾਰੀ ਬੈਠੀਆਂ ਹਨ। ਲੋਕਤੰਤਰ ਵਿਚ ਨਾਗਰਿਕਾਂ ਦੀਆਂ ਮੰਗਾਂ ਪ੍ਰਤੀ ਸੁਹਿਰਦ ਪਹੁੰਚ ਅਪਣਾਉਣੀ ਸਮੇਂ ਦੀ ਲੋੜ ਹੈ। ਸਿੱਧੂ ਸਿੱਧੂ ਡੱਲੇਵਾਲ ਦੇ ਮਰਨ ਵਰਤ ਦੇ ਦਿਨ ਬੀਤ ਰਹੇ ਹਨ। ਕਿਸੇ ਵੀ ਮੁਲਕ ਦੇ ਨਾਗਰਿਕਾਂ ਵੱਲੋਂ ਕੀਤੇ ਜਾਂਦੇ ਸ਼ਾਂਤਮਈ ਸੰਘਰਸ਼ ਪ੍ਰਤੀ ਸਰਕਾਰਾਂ ਦਾ ਰਵੱਈਆ ਸੰਵੇਦਨਸ਼ੀਲ ਹੋਣਾ ਚਾਹੀਦਾ ਹੈ। ਕਿਸਾਨ ਆਗੂ ਜਗਜੀਤ ਸਿੰਘ ਡੱਲੇਵਾਲ ਲੰਮੇ ਸਮੇਂ ਤੋਂ ਮਰਨ ਵਰਤ 'ਤੇ ਬੈਠੇ ਹਨ ਪਰ ਸਰਕਾਰਾਂ ਚੁੱਪ ਧਾਰੀ ਬੈਠੀਆਂ ਹਨ। ਲੋਕਤੰਤਰ ਵਿਚ ਨਾਗਰਿਕਾਂ ਦੀਆਂ ਮੰਗਾਂ ਪ੍ਰਤੀ ਸੁਹਿਰਦ ਪਹੁੰਚ ਅਪਣਾਉਣੀ ਸਮੇਂ ਦੀ ਲੋੜ ਹੈ। ਸਿੱਧੂ ਸਿੱਧੂ ਡੱਲੇਵਾਲ ਦੇ ਮਰਨ ਵਰਤ ਦੇ ਦਿਨ ਬੀਤ ਰਹੇ ਹਨ। ਕਿਸੇ ਵੀ ਮੁਲਕ ਦੇ ਨਾਗਰਿਕਾਂ ਵੱਲੋਂ ਕੀਤੇ ਜਾਂਦੇ ਸ਼ਾਂਤਮਈ ਸੰਘਰਸ਼ ਪ੍ਰਤੀ ਸਰਕਾਰਾਂ ਦਾ ਰਵੱਈਆ ਸੰਵੇਦਨਸ਼ੀਲ ਹੋਣਾ ਚਾਹੀਦਾ ਹੈ। ਕਿਸਾਨ ਆਗੂ ਜਗਜੀਤ ਸਿੰਘ ਡੱਲੇਵਾਲ ਲੰਮੇ ਸਮੇਂ ਤੋਂ ਮਰਨ ਵਰਤ 'ਤੇ ਬੈਠੇ ਹਨ ਪਰ ਸਰਕਾਰਾਂ ਚੁੱਪ ਧਾਰੀ ਬੈਠੀਆਂ ਹਨ। ਲੋਕਤੰਤਰ ਵਿਚ ਨਾਗਰਿਕਾਂ ਦੀਆਂ ਮੰਗਾਂ ਪ੍ਰਤੀ ਸੁਹਿਰਦ ਪਹੁੰਚ ਅਪਣਾਉਣੀ ਸਮੇਂ ਦੀ ਲੋੜ ਹੈ। ਸਿੱਧੂ ਸਿੱਧੂ ਡੱਲੇਵਾਲ ਦੇ ਮਰਨ ਵਰਤ ਦੇ ਦਿਨ ਬੀਤ ਰਹੇ ਹਨ। ਕਿਸੇ ਵੀ ਮੁਲਕ ਦੇ ਨਾਗਰਿਕਾਂ ਵੱਲੋਂ ਕੀਤੇ ਜਾਂਦੇ ਸ਼ਾਂਤਮਈ ਸੰਘਰਸ਼ ਪ੍ਰਤੀ ਸਰਕਾਰਾਂ ਦਾ ਰਵੱਈਆ ਸੰਵੇਦਨਸ਼ੀਲ ਹੋਣਾ ਚਾਹੀਦਾ ਹੈ। ਕਿਸਾਨ ਆਗੂ ਜਗਜੀਤ ਸਿੰਘ ਡੱਲੇਵਾਲ ਲੰਮੇ ਸਮੇਂ ਤੋਂ ਮਰਨ ਵਰਤ 'ਤੇ ਬੈਠੇ ਹਨ ਪਰ ਸਰਕਾਰਾਂ ਚੁੱਪ ਧਾਰੀ ਬੈਠੀਆਂ ਹਨ। ਲੋਕਤੰਤਰ ਵਿਚ ਨਾਗਰਿਕਾਂ ਦੀਆਂ ਮੰਗਾਂ ਪ੍ਰਤੀ ਸੁਹਿਰਦ ਪਹੁੰਚ ਅਪਣਾਉਣੀ ਸਮੇਂ ਦੀ ਲੋੜ ਹੈ। ਸਿੱਧੂ ਸਿੱਧੂ ਡੱਲੇਵਾਲ ਦੇ ਮਰਨ ਵਰਤ ਦੇ ਦਿਨ ਬੀਤ ਰਹੇ ਹਨ। ਕਿਸੇ ਵੀ ਮੁਲਕ ਦੇ ਨਾਗਰਿਕਾਂ ਵੱਲੋਂ ਕੀਤੇ ਜਾਂਦੇ ਸ਼ਾਂਤਮਈ ਸੰਘਰਸ਼ ਪ੍ਰਤੀ ਸਰਕਾਰਾਂ ਦਾ ਰਵੱਈਆ ਸੰਵੇਦਨਸ਼ੀਲ ਹੋਣਾ ਚਾਹੀਦਾ ਹੈ। ਕਿਸਾਨ ਆਗੂ ਜਗਜੀਤ ਸਿੰਘ ਡੱਲੇਵਾਲ ਲੰਮੇ ਸਮੇਂ ਤੋਂ ਮਰਨ ਵਰਤ 'ਤੇ ਬੈਠੇ ਹਨ ਪਰ ਸਰਕਾਰਾਂ ਚੁੱਪ ਧਾਰੀ ਬੈਠੀਆਂ ਹਨ। ਲੋਕਤੰਤਰ ਵਿਚ ਨਾਗਰਿਕਾਂ ਦੀਆਂ ਮੰਗਾਂ ਪ੍ਰਤੀ ਸੁਹਿਰਦ ਪਹੁੰਚ ਅਪਣਾਉਣੀ ਸਮੇਂ ਦੀ ਲੋੜ ਹੈ। ਸਿੱਧੂ ਸਿੱਧੂ ਡੱਲੇਵਾਲ ਦੇ ਮਰਨ ਵਰਤ ਦੇ ਦਿਨ ਬੀਤ ਰਹੇ ਹਨ। ਕਿਸੇ ਵੀ ਮੁਲਕ ਦੇ ਨਾਗਰਿਕਾਂ ਵੱਲੋਂ ਕੀਤੇ ਜਾਂਦੇ ਸ਼ਾਂਤਮਈ ਸੰਘਰਸ਼ ਪ੍ਰਤੀ ਸਰਕਾਰਾਂ ਦਾ ਰਵੱਈਆ ਸੰਵੇਦਨਸ਼ੀਲ ਹੋਣਾ ਚਾਹੀਦਾ ਹੈ। ਕਿਸਾਨ ਆਗੂ ਜਗਜੀਤ ਸਿੰਘ ਡੱਲੇਵਾਲ ਲੰਮੇ ਸਮੇਂ ਤੋਂ ਮਰਨ ਵਰਤ 'ਤੇ ਬੈਠੇ ਹਨ ਪਰ ਸਰਕਾਰਾਂ ਚੁੱਪ ਧਾਰੀ ਬੈਠੀਆਂ ਹਨ। ਲੋਕਤੰਤਰ ਵਿਚ ਨਾਗਰਿਕਾਂ ਦੀਆਂ ਮੰਗਾਂ ਪ੍ਰਤੀ ਸੁਹਿਰਦ ਪਹੁੰਚ ਅਪਣਾਉਣੀ ਸਮੇਂ ਦੀ ਲੋੜ ਹੈ। ਸਿੱਧੂ ਸਿੱਧੂ ਡੱਲੇਵਾਲ ਦੇ ਮਰਨ ਵਰਤ ਦੇ ਦਿਨ ਬੀਤ ਰਹੇ ਹਨ। ਕਿਸੇ ਵੀ ਮੁਲਕ ਦੇ ਨਾਗਰਿਕਾਂ ਵੱਲੋਂ ਕੀਤੇ ਜਾਂਦੇ ਸ਼ਾਂਤਮਈ ਸੰਘਰਸ਼ ਪ੍ਰਤੀ ਸਰਕਾਰਾਂ ਦਾ ਰਵੱਈਆ ਸੰਵੇਦਨਸ਼ੀਲ ਹੋਣਾ ਚਾਹੀਦਾ ਹੈ। ਕਿਸਾਨ ਆਗੂ ਜਗਜੀਤ ਸਿੰਘ ਡੱਲੇਵਾਲ ਲੰਮੇ ਸਮੇਂ ਤੋਂ ਮਰਨ ਵਰਤ 'ਤੇ ਬੈਠੇ ਹਨ ਪਰ ਸਰਕਾਰਾਂ ਚੁੱਪ ਧਾਰੀ ਬੈਠੀਆਂ ਹਨ। ਲੋਕਤੰਤਰ ਵਿਚ ਨਾਗਰਿਕਾਂ ਦੀਆਂ ਮੰਗਾਂ ਪ੍ਰਤੀ ਸੁਹਿਰਦ ਪਹੁੰਚ ਅਪਣਾਉਣੀ ਸਮੇਂ ਦੀ ਲੋੜ ਹੈ। ਸਿੱਧੂ ਸਿੱਧੂ ਡੱਲੇਵਾਲ ਦੇ ਮਰਨ ਵਰਤ ਦੇ ਦਿਨ ਬੀਤ ਰਹੇ ਹਨ। ਕਿਸੇ ਵੀ ਮੁਲਕ ਦੇ ਨਾਗਰਿਕਾਂ ਵੱਲੋਂ ਕੀਤੇ ਜਾਂਦੇ ਸ਼ਾਂਤਮਈ ਸੰਘਰਸ਼ ਪ੍ਰਤੀ ਸਰਕਾਰਾਂ ਦਾ ਰਵੱਈਆ ਸੰਵੇਦਨਸ਼ੀਲ ਹੋਣਾ ਚਾਹੀਦਾ ਹੈ। ਕਿਸਾਨ ਆਗੂ ਜਗਜੀਤ ਸਿੰਘ ਡੱਲੇਵਾਲ ਲੰਮੇ ਸਮੇਂ ਤੋਂ ਮਰਨ ਵਰਤ 'ਤੇ ਬੈਠੇ ਹਨ ਪਰ ਸਰਕਾਰਾਂ ਚੁੱਪ ਧਾਰੀ ਬੈਠੀਆਂ ਹਨ। ਲੋਕਤੰਤਰ ਵਿਚ ਨਾਗਰਿਕਾਂ ਦੀਆਂ ਮੰਗਾਂ ਪ੍ਰਤੀ ਸੁਹਿਰਦ ਪਹੁੰਚ ਅਪਣਾਉਣੀ ਸਮੇਂ ਦੀ ਲੋੜ ਹੈ। ਸਿੱਧੂ ਸਿੱਧੂ ਡੱਲੇਵਾਲ ਦੇ ਮਰਨ ਵਰਤ ਦੇ ਦਿਨ ਬੀਤ ਰਹੇ ਹਨ। ਕਿਸੇ ਵੀ ਮੁਲਕ ਦੇ ਨਾਗਰਿਕਾਂ ਵੱਲੋਂ ਕੀਤੇ ਜਾਂਦੇ ਸ਼ਾਂਤਮਈ ਸੰਘਰਸ਼ ਪ੍ਰਤੀ ਸਰਕਾਰਾਂ ਦਾ ਰਵੱਈਆ ਸੰਵੇਦਨਸ਼ੀਲ ਹੋਣਾ ਚਾਹੀਦਾ ਹੈ। ਕਿਸਾਨ ਆਗੂ ਜਗਜੀਤ ਸਿੰਘ ਡੱਲੇਵਾਲ ਲੰਮੇ ਸਮੇਂ ਤੋਂ ਮਰਨ ਵਰਤ 'ਤੇ ਬੈਠੇ ਹਨ ਪਰ ਸਰਕਾਰਾਂ ਚੁੱਪ ਧਾਰੀ ਬੈਠੀਆਂ ਹਨ। ਲੋਕਤੰਤਰ ਵਿਚ ਨਾਗਰਿਕਾਂ ਦੀਆਂ ਮੰਗਾਂ ਪ੍ਰਤੀ ਸੁਹਿਰਦ ਪਹੁੰਚ ਅਪਣਾਉਣੀ ਸਮੇਂ ਦੀ ਲੋੜ ਹੈ। ਸਿੱਧੂ ਸਿੱਧੂ ਡੱਲੇਵਾਲ ਦੇ ਮਰਨ ਵਰਤ ਦੇ ਦਿਨ ਬੀਤ ਰਹੇ ਹਨ। ਕਿਸੇ ਵੀ ਮੁਲਕ ਦੇ ਨਾਗਰਿਕਾਂ ਵੱਲੋਂ ਕੀਤੇ ਜਾਂਦੇ ਸ਼ਾਂਤਮਈ ਸੰਘਰਸ਼ ਪ੍ਰਤੀ ਸਰਕਾਰਾਂ ਦਾ ਰਵੱਈਆ ਸੰਵੇਦਨਸ਼ੀਲ ਹੋਣਾ ਚਾਹੀਦਾ ਹੈ। ਕਿਸਾਨ ਆਗੂ ਜਗਜੀਤ ਸਿੰਘ ਡੱਲੇਵਾਲ ਲੰਮੇ ਸਮੇਂ ਤੋਂ ਮਰਨ ਵਰਤ 'ਤੇ ਬੈਠੇ ਹਨ ਪਰ ਸਰਕਾਰਾਂ ਚੁੱਪ ਧਾਰੀ ਬੈਠੀਆਂ ਹਨ। ਲੋਕਤੰਤਰ ਵਿਚ ਨਾਗਰਿਕਾਂ ਦੀਆਂ ਮੰਗਾਂ ਪ੍ਰਤੀ ਸੁਹਿਰਦ ਪਹੁੰਚ ਅਪਣਾਉਣੀ ਸਮੇਂ ਦੀ ਲੋੜ ਹੈ। ਸਿੱਧੂ ਸਿੱਧੂ ਡੱਲੇਵਾਲ ਦੇ ਮਰਨ ਵਰਤ ਦੇ ਦਿਨ ਬੀਤ ਰਹੇ ਹਨ। ਕਿਸੇ ਵੀ ਮੁਲਕ ਦੇ ਨਾਗਰਿਕਾਂ ਵੱਲੋਂ ਕੀਤੇ ਜਾਂਦੇ ਸ਼ਾਂਤਮਈ ਸੰਘਰਸ਼ ਪ੍ਰਤੀ ਸਰਕਾਰਾਂ ਦਾ ਰਵੱਈਆ ਸੰਵੇਦਨਸ਼ੀਲ ਹੋਣਾ ਚਾਹੀਦਾ ਹੈ। ਕਿਸਾਨ ਆਗੂ ਜਗਜੀਤ ਸਿੰਘ ਡੱਲੇਵਾਲ ਲੰਮੇ ਸਮੇਂ ਤੋਂ ਮਰਨ ਵਰਤ 'ਤੇ ਬੈਠੇ ਹਨ ਪਰ ਸਰਕਾਰਾਂ ਚੁੱਪ ਧਾਰੀ ਬੈਠੀਆਂ ਹਨ। ਲੋਕਤੰਤਰ ਵਿਚ ਨਾਗਰਿਕਾਂ ਦੀਆਂ ਮੰਗਾਂ ਪ੍ਰਤੀ ਸੁਹਿਰਦ ਪਹੁੰਚ ਅਪਣਾਉਣੀ ਸਮੇਂ ਦੀ ਲੋੜ ਹੈ। ਸਿੱਧੂ ਸਿੱਧੂ ਡੱਲੇਵਾਲ ਦੇ ਮਰਨ ਵਰਤ ਦੇ ਦਿਨ ਬੀਤ ਰਹੇ ਹਨ। ਕਿਸੇ ਵੀ ਮੁਲਕ ਦੇ ਨਾਗਰਿਕਾਂ ਵੱਲੋਂ ਕੀਤੇ ਜਾਂਦੇ ਸ਼ਾਂਤਮਈ ਸੰਘਰਸ਼ ਪ੍ਰਤੀ ਸਰਕਾਰਾਂ ਦਾ ਰਵੱਈਆ ਸੰਵੇਦਨਸ਼ੀਲ ਹੋਣਾ ਚਾਹੀਦਾ ਹੈ। ਕਿਸਾਨ ਆਗੂ ਜਗਜੀਤ ਸਿੰਘ ਡੱਲੇਵਾਲ ਲੰਮੇ ਸਮੇਂ ਤੋਂ ਮਰਨ ਵਰਤ 'ਤੇ ਬੈਠੇ ਹਨ ਪਰ ਸਰਕਾਰਾਂ ਚੁੱਪ ਧਾਰੀ ਬੈਠੀਆਂ ਹਨ। ਲੋਕਤੰਤਰ ਵਿਚ ਨਾਗਰਿਕਾਂ ਦੀਆਂ ਮੰਗਾਂ ਪ੍ਰਤੀ ਸੁਹਿਰਦ ਪਹੁੰਚ ਅਪਣਾਉਣੀ ਸਮੇਂ ਦੀ ਲੋੜ ਹੈ। ਸਿੱਧੂ ਸਿੱਧੂ ਡੱਲੇਵਾਲ ਦੇ ਮਰਨ ਵਰਤ ਦੇ ਦਿਨ ਬੀਤ ਰਹੇ ਹਨ। ਕਿਸੇ ਵੀ ਮੁਲਕ ਦੇ ਨਾਗਰਿਕਾਂ ਵੱਲੋਂ ਕੀਤੇ ਜਾਂਦੇ ਸ਼ਾਂਤਮਈ ਸੰਘਰਸ਼ ਪ੍ਰਤੀ ਸਰਕਾਰਾਂ ਦਾ ਰਵੱਈਆ ਸੰਵੇਦਨਸ਼ੀਲ ਹੋਣਾ ਚਾਹੀਦਾ ਹੈ। ਕਿਸਾਨ ਆਗੂ ਜਗਜੀਤ ਸਿੰਘ ਡੱਲੇਵਾਲ ਲੰਮੇ ਸਮੇਂ ਤੋਂ ਮਰਨ ਵਰਤ 'ਤੇ ਬੈਠੇ ਹਨ ਪਰ ਸਰਕਾਰਾਂ ਚੁੱਪ ਧਾਰੀ ਬੈਠੀਆਂ ਹਨ। ਲੋਕਤੰਤਰ ਵਿਚ ਨਾਗਰਿਕਾਂ ਦੀਆਂ ਮੰਗਾਂ ਪ੍ਰਤੀ ਸੁਹਿਰਦ ਪਹੁੰਚ ਅਪਣਾਉਣੀ ਸਮੇਂ ਦੀ ਲੋੜ ਹੈ। ਸਿੱਧੂ ਸਿੱਧੂ ਡੱਲੇਵਾਲ ਦੇ ਮਰਨ ਵਰਤ ਦੇ ਦਿਨ ਬੀਤ ਰਹੇ ਹਨ। ਕਿਸੇ ਵੀ ਮੁਲਕ ਦੇ ਨਾਗਰਿਕਾਂ ਵੱਲੋਂ ਕੀਤੇ ਜਾਂਦੇ ਸ਼ਾਂਤਮਈ ਸੰਘਰਸ਼ ਪ੍ਰਤੀ ਸਰਕਾਰਾਂ ਦਾ ਰਵੱਈਆ ਸੰਵੇਦਨਸ਼ੀਲ ਹੋਣਾ ਚਾਹੀਦਾ ਹੈ। ਕਿਸਾਨ ਆਗੂ ਜਗਜੀਤ ਸਿੰਘ ਡੱਲੇਵਾਲ ਲੰਮੇ ਸਮੇਂ ਤੋਂ ਮਰਨ ਵਰਤ 'ਤੇ ਬੈਠੇ ਹਨ ਪਰ ਸਰਕਾਰਾਂ ਚੁੱਪ ਧਾਰੀ ਬੈਠੀਆਂ ਹਨ। ਲੋਕਤੰਤਰ ਵਿਚ ਨਾਗਰਿਕਾਂ ਦੀਆਂ ਮੰਗਾਂ ਪ੍ਰਤੀ ਸੁਹਿਰਦ ਪਹੁੰਚ ਅਪਣਾਉਣੀ ਸਮੇਂ ਦੀ ਲੋੜ ਹੈ। ਸਿੱਧੂ ਸਿੱਧੂ ਡੱਲੇਵਾਲ ਦੇ ਮਰਨ ਵਰਤ ਦੇ ਦਿਨ ਬੀਤ ਰਹੇ ਹਨ। ਕਿਸੇ ਵੀ ਮੁਲਕ ਦੇ ਨਾਗਰਿਕਾਂ ਵੱਲੋਂ ਕੀਤੇ ਜਾਂਦੇ ਸ਼ਾਂਤਮਈ ਸੰਘਰਸ਼ ਪ੍ਰਤੀ ਸਰਕਾਰਾਂ ਦਾ ਰਵੱਈਆ ਸੰਵੇਦਨਸ਼ੀਲ ਹੋਣਾ ਚਾਹੀਦਾ ਹੈ। ਕਿਸਾਨ ਆਗੂ ਜਗਜੀਤ ਸਿੰਘ ਡੱਲੇਵਾਲ ਲੰਮੇ ਸਮੇਂ ਤੋਂ ਮਰਨ ਵਰਤ 'ਤੇ ਬੈਠੇ ਹਨ ਪਰ ਸਰਕਾਰਾਂ ਚੁੱਪ ਧਾਰੀ ਬੈਠੀਆਂ ਹਨ। ਲੋਕਤੰਤਰ ਵਿਚ ਨਾਗਰਿਕਾਂ ਦੀਆਂ ਮੰਗਾਂ ਪ੍ਰਤੀ ਸੁਹਿਰਦ ਪਹੁੰਚ ਅਪਣਾਉਣੀ ਸਮੇਂ ਦੀ ਲੋੜ ਹੈ। ਸਿੱਧੂ ਸਿੱਧੂ ਡੱਲੇਵਾਲ ਦੇ ਮਰਨ ਵਰਤ ਦੇ ਦਿਨ ਬੀਤ ਰਹੇ ਹਨ। ਕਿਸੇ ਵੀ ਮੁਲਕ ਦੇ ਨਾਗਰਿਕਾਂ ਵੱਲੋਂ ਕੀਤੇ ਜਾਂਦੇ ਸ਼ਾਂਤਮਈ ਸੰਘਰਸ਼ ਪ੍ਰਤੀ ਸਰਕਾਰਾਂ ਦਾ ਰਵੱਈਆ ਸੰਵੇਦਨਸ਼ੀਲ ਹੋਣਾ ਚਾਹੀਦਾ ਹੈ। ਕਿਸਾਨ ਆਗੂ ਜਗਜੀਤ ਸਿੰਘ ਡੱਲੇਵਾਲ ਲੰਮੇ ਸਮੇਂ ਤੋਂ ਮਰਨ ਵਰਤ 'ਤੇ ਬੈਠੇ ਹਨ ਪਰ ਸਰਕਾਰਾਂ ਚੁੱਪ ਧਾਰੀ ਬੈਠੀਆਂ ਹਨ। ਲੋਕਤੰਤਰ ਵਿਚ ਨਾਗਰਿਕਾਂ ਦੀਆਂ ਮੰਗਾਂ ਪ੍ਰਤੀ ਸੁਹਿਰਦ ਪਹੁੰਚ ਅਪਣਾਉਣੀ ਸਮੇਂ ਦੀ ਲੋੜ ਹੈ। ਸਿੱਧੂ ਸਿੱਧੂ ਡੱਲੇਵਾਲ ਦੇ ਮਰਨ ਵਰਤ ਦੇ ਦਿਨ ਬੀਤ ਰਹੇ ਹਨ। ਕਿਸੇ ਵੀ ਮੁਲਕ ਦੇ ਨਾਗਰਿਕਾਂ ਵੱਲੋਂ ਕੀਤੇ ਜਾਂਦੇ ਸ਼ਾਂਤਮਈ ਸੰਘਰਸ਼ ਪ੍ਰਤੀ ਸਰਕਾਰਾਂ ਦਾ ਰਵੱਈਆ ਸੰਵੇਦਨਸ਼ੀਲ ਹੋਣਾ ਚਾਹੀਦਾ ਹੈ। ਕਿਸਾਨ ਆਗੂ ਜਗਜੀਤ ਸਿੰਘ ਡੱਲੇਵਾਲ ਲੰਮੇ ਸਮੇਂ ਤੋਂ ਮਰਨ ਵਰਤ 'ਤੇ ਬੈਠੇ ਹਨ ਪਰ ਸਰਕਾਰਾਂ ਚੁੱਪ ਧਾਰੀ ਬੈਠੀਆਂ ਹਨ। ਲੋਕਤੰਤਰ ਵਿਚ ਨਾਗਰਿਕਾਂ ਦੀਆਂ ਮੰਗਾਂ ਪ੍ਰਤੀ ਸੁਹਿਰਦ ਪਹੁੰਚ ਅਪਣਾਉਣੀ ਸਮੇਂ ਦੀ ਲੋੜ ਹੈ। ਸਿੱਧੂ ਸਿੱਧੂ ਡੱਲੇਵਾਲ ਦੇ ਮਰਨ ਵਰਤ ਦੇ ਦਿਨ ਬੀਤ ਰਹੇ ਹਨ। ਕਿਸੇ ਵੀ ਮੁਲਕ ਦੇ ਨਾਗਰਿਕਾਂ ਵੱਲੋਂ ਕੀਤੇ ਜਾਂਦੇ ਸ਼ਾਂਤਮਈ ਸੰਘਰਸ਼ ਪ੍ਰਤੀ ਸਰਕਾਰਾਂ ਦਾ ਰਵੱਈਆ ਸੰਵੇਦਨਸ਼ੀਲ ਹੋਣਾ ਚਾਹੀਦਾ ਹੈ। ਕਿਸਾਨ ਆਗੂ ਜਗਜੀਤ ਸਿੰਘ ਡੱਲੇਵਾਲ ਲੰਮੇ ਸਮੇਂ ਤੋਂ ਮਰਨ ਵਰਤ 'ਤੇ ਬੈਠੇ ਹਨ ਪਰ ਸਰਕਾਰਾਂ ਚੁੱਪ ਧਾਰੀ ਬੈਠੀਆਂ ਹਨ। ਲੋਕਤੰਤਰ ਵਿਚ ਨਾਗਰਿਕਾਂ ਦੀਆਂ ਮੰਗਾਂ ਪ੍ਰਤੀ ਸੁਹਿਰਦ ਪਹੁੰਚ ਅਪਣਾਉਣੀ ਸਮੇਂ ਦੀ ਲੋੜ ਹੈ। ਸਿੱਧੂ ਸਿੱਧੂ ਡੱਲੇਵਾਲ ਦੇ ਮਰਨ ਵਰਤ ਦੇ ਦਿਨ ਬੀਤ ਰਹੇ ਹਨ।
ਕਿਸੇ ਵੀ ਮੁਲਕ ਦੇ ਨਾਗਰਿਕਾਂ ਵੱਲੋਂ ਕੀਤੇ ਜਾਂਦੇ ਸ਼ਾਂਤਮਈ ਸੰਘਰਸ਼ ਪ੍ਰਤੀ ਸਰਕਾਰਾਂ ਦਾ ਰਵੱਈਆ ਸੰਵੇਦਨਸ਼ੀਲ ਹੋਣਾ ਚਾਹੀਦਾ ਹੈ। ਕਿਸਾਨ ਆਗੂ ਜਗਜੀਤ ਸਿੰਘ ਡੱਲੇਵਾਲ ਲੰਮੇ ਸਮੇਂ ਤੋਂ ਮਰਨ ਵਰਤ 'ਤੇ ਬੈਠੇ ਹਨ ਪਰ ਸਰਕਾਰਾਂ ਚੁੱਪ ਧਾਰੀ ਬੈਠੀਆਂ ਹਨ। ਲੋਕਤੰਤਰ ਵਿਚ ਨਾਗਰਿਕਾਂ ਦੀਆਂ ਮੰਗਾਂ ਪ੍ਰਤੀ ਸੁਹਿਰਦ ਪਹੁੰਚ ਅਪਣਾਉਣੀ ਸਮੇਂ ਦੀ ਲੋੜ ਹੈ। ਸਿੱਧੂ ਸਿੱਧੂ ਡੱਲੇਵਾਲ ਦੇ ਮਰਨ ਵਰਤ ਦੇ ਦਿਨ ਬੀਤ ਰਹੇ ਹਨ। ਕਿਸੇ ਵੀ ਮੁਲਕ ਦੇ ਨਾਗਰਿਕਾਂ ਵੱਲੋਂ ਕੀਤੇ ਜਾਂਦੇ ਸ਼ਾਂਤਮਈ ਸੰਘਰਸ਼ ਪ੍ਰਤੀ ਸਰਕਾਰਾਂ ਦਾ ਰਵੱਈਆ ਸੰਵੇਦਨਸ਼ੀਲ ਹੋਣਾ ਚਾਹੀਦਾ ਹੈ। ਕਿਸਾਨ ਆਗੂ ਜਗਜੀਤ ਸਿੰਘ ਡੱਲੇਵਾਲ ਲੰਮੇ ਸਮੇਂ ਤੋਂ ਮਰਨ ਵਰਤ 'ਤੇ ਬੈਠੇ ਹਨ ਪਰ ਸਰਕਾਰਾਂ ਚੁੱਪ ਧਾਰੀ ਬੈਠੀਆਂ ਹਨ। ਲੋਕਤੰਤਰ ਵਿਚ ਨਾਗਰਿਕਾਂ ਦੀਆਂ ਮੰਗਾਂ ਪ੍ਰਤੀ ਸੁਹਿਰਦ ਪਹੁੰਚ ਅਪਣਾਉਣੀ ਸਮੇਂ ਦੀ ਲੋੜ ਹੈ। ਸਿੱਧੂ ਸਿੱਧੂ ਡੱਲੇਵਾਲ ਦੇ ਮਰਨ ਵਰਤ ਦੇ ਦਿਨ ਬੀਤ ਰਹੇ ਹਨ। ਕਿਸੇ ਵੀ ਮੁਲਕ ਦੇ ਨਾਗਰਿਕਾਂ ਵੱਲੋਂ ਕੀਤੇ ਜਾਂਦੇ ਸ਼ਾਂਤਮਈ ਸੰਘਰਸ਼ ਪ੍ਰਤੀ ਸਰਕਾਰਾਂ ਦਾ ਰਵੱਈਆ ਸੰਵੇਦਨਸ਼ੀਲ ਹੋਣਾ ਚਾਹੀਦਾ ਹੈ। ਕਿਸਾਨ ਆਗੂ ਜਗਜੀਤ ਸਿੰਘ ਡੱਲੇਵਾਲ ਲੰਮੇ ਸਮੇਂ ਤੋਂ ਮਰਨ ਵਰਤ 'ਤੇ ਬੈਠੇ ਹਨ ਪਰ ਸਰਕਾਰਾਂ ਚੁੱਪ ਧਾਰੀ ਬੈਠੀਆਂ ਹਨ। ਲੋਕਤੰਤਰ ਵਿਚ ਨਾਗਰਿਕਾਂ ਦੀਆਂ ਮੰਗਾਂ ਪ੍ਰਤੀ ਸੁਹਿਰਦ ਪਹੁੰਚ ਅਪਣਾਉਣੀ ਸਮੇਂ ਦੀ ਲੋੜ ਹੈ। ਸਿੱਧੂ ਸਿੱਧੂ ਡੱਲੇਵਾਲ ਦੇ ਮਰਨ ਵਰਤ ਦੇ ਦਿਨ ਬੀਤ ਰਹੇ ਹਨ।
- ਵਿਚਾਰ ਸਿੰਘ ਖੁੱਡੀ ਕਲਾਂ
ਮੋ:98786-05965
ਸੁਖਬੀਰ ਸਿੰਘਾਂ ! ਖਿਦਰਾਣੇ ਦੀ ਢਾਬ ਤਾਂ ਗੁਰੂ ਤੋਂ ਟੁੱਟਿਆਂ ਨੂੰ ਜੋੜਦੀ ਹੈ ਪਰ ਤੂੰ ਜੁੜਿਆਂ ਨੂੰ ਤੋੜ ਰਿਹਾ ਹੈਂ
ਸ਼੍ਰੋਮਣੀ ਅਕਾਲੀ ਦਲ ਦੀ ਸਥਾਪਨਾ ਅਕਾਲ ਤਖ਼ਤ ਸਾਹਿਬ ਉੱਪਰ ਹੋਈ ਸੀ ਅਤੇ ਇਸ ਦਾ ਮਕਸਦ ਪੰਥ ਦੀ ਚੜ੍ਹਦੀ ਕਲਾ ਸੀ। ਮਾਘੀ ਦੇ ਮੇਲੇ ਮੌਕੇ ਸ੍ਰੀ ਮੁਕਤਸਰ ਸਾਹਿਬ ਵਿਖੇ ਕਾਨਫਰੰਸ ਕਰਨ ਦੀ ਰਵਾਇਤ ਰਹੀ ਹੈ। ਖਿਦਰਾਣੇ ਦੀ ਢਾਬ ਉਹ ਅਸਥਾਨ ਹੈ ਜਿਥੇ ਗੁਰੂ ਤੋਂ ਬੇਦਾਵਾ ਦੇ ਕੇ ਗਏ ਚਾਲੀ ਸਿੰਘਾਂ ਨੂੰ ਗੁਰੂ ਸਾਹਿਬ ਨੇ ਮੁਕਤੇ ਕਹਿ ਕੇ ਟੁੱਟੀ ਗੰਢੀ ਸੀ।
ਸ਼੍ਰੋਮਣੀ ਅਕਾਲੀ ਦਲ ਦੀ ਸਥਾਪਨਾ ਅਕਾਲ ਤਖ਼ਤ ਸਾਹਿਬ ਉੱਪਰ ਹੋਈ ਸੀ ਅਤੇ ਇਸ ਦਾ ਮਕਸਦ ਪੰਥ ਦੀ ਚੜ੍ਹਦੀ ਕਲਾ ਸੀ। ਮਾਘੀ ਦੇ ਮੇਲੇ ਮੌਕੇ ਸ੍ਰੀ ਮੁਕਤਸਰ ਸਾਹਿਬ ਵਿਖੇ ਕਾਨਫਰੰਸ ਕਰਨ ਦੀ ਰਵਾਇਤ ਰਹੀ ਹੈ। ਖਿਦਰਾਣੇ ਦੀ ਢਾਬ ਉਹ ਅਸਥਾਨ ਹੈ ਜਿਥੇ ਗੁਰੂ ਤੋਂ ਬੇਦਾਵਾ ਦੇ ਕੇ ਗਏ ਚਾਲੀ ਸਿੰਘਾਂ ਨੂੰ ਗੁਰੂ ਸਾਹਿਬ ਨੇ ਮੁਕਤੇ ਕਹਿ ਕੇ ਟੁੱਟੀ ਗੰਢੀ ਸੀ। ਸ਼੍ਰੋਮਣੀ ਅਕਾਲੀ ਦਲ ਦੀ ਸਥਾਪਨਾ ਅਕਾਲ ਤਖ਼ਤ ਸਾਹਿਬ ਉੱਪਰ ਹੋਈ ਸੀ ਅਤੇ ਇਸ ਦਾ ਮਕਸਦ ਪੰਥ ਦੀ ਚੜ੍ਹਦੀ ਕਲਾ ਸੀ। ਮਾਘੀ ਦੇ ਮੇਲੇ ਮੌਕੇ ਸ੍ਰੀ ਮੁਕਤਸਰ ਸਾਹਿਬ ਵਿਖੇ ਕਾਨਫਰੰਸ ਕਰਨ ਦੀ ਰਵਾਇਤ ਰਹੀ ਹੈ। ਖਿਦਰਾਣੇ ਦੀ ਢਾਬ ਉਹ ਅਸਥਾਨ ਹੈ ਜਿਥੇ ਗੁਰੂ ਤੋਂ ਬੇਦਾਵਾ ਦੇ ਕੇ ਗਏ ਚਾਲੀ ਸਿੰਘਾਂ ਨੂੰ ਗੁਰੂ ਸਾਹਿਬ ਨੇ ਮੁਕਤੇ ਕਹਿ ਕੇ ਟੁੱਟੀ ਗੰਢੀ ਸੀ। ਸ਼੍ਰੋਮਣੀ ਅਕਾਲੀ ਦਲ ਦੀ ਸਥਾਪਨਾ ਅਕਾਲ ਤਖ਼ਤ ਸਾਹਿਬ ਉੱਪਰ ਹੋਈ ਸੀ ਅਤੇ ਇਸ ਦਾ ਮਕਸਦ ਪੰਥ ਦੀ ਚੜ੍ਹਦੀ ਕਲਾ ਸੀ। ਮਾਘੀ ਦੇ ਮੇਲੇ ਮੌਕੇ ਸ੍ਰੀ ਮੁਕਤਸਰ ਸਾਹਿਬ ਵਿਖੇ ਕਾਨਫਰੰਸ ਕਰਨ ਦੀ ਰਵਾਇਤ ਰਹੀ ਹੈ। ਖਿਦਰਾਣੇ ਦੀ ਢਾਬ ਉਹ ਅਸਥਾਨ ਹੈ ਜਿਥੇ ਗੁਰੂ ਤੋਂ ਬੇਦਾਵਾ ਦੇ ਕੇ ਗਏ ਚਾਲੀ ਸਿੰਘਾਂ ਨੂੰ ਗੁਰੂ ਸਾਹਿਬ ਨੇ ਮੁਕਤੇ ਕਹਿ ਕੇ ਟੁੱਟੀ ਗੰਢੀ ਸੀ। ਸ਼੍ਰੋਮਣੀ ਅਕਾਲੀ ਦਲ ਦੀ ਸਥਾਪਨਾ ਅਕਾਲ ਤਖ਼ਤ ਸਾਹਿਬ ਉੱਪਰ ਹੋਈ ਸੀ ਅਤੇ ਇਸ ਦਾ ਮਕਸਦ ਪੰਥ ਦੀ ਚੜ੍ਹਦੀ ਕਲਾ ਸੀ। ਮਾਘੀ ਦੇ ਮੇਲੇ ਮੌਕੇ ਸ੍ਰੀ ਮੁਕਤਸਰ ਸਾਹਿਬ ਵਿਖੇ ਕਾਨਫਰੰਸ ਕਰਨ ਦੀ ਰਵਾਇਤ ਰਹੀ ਹੈ। ਖਿਦਰਾਣੇ ਦੀ ਢਾਬ ਉਹ ਅਸਥਾਨ ਹੈ ਜਿਥੇ ਗੁਰੂ ਤੋਂ ਬੇਦਾਵਾ ਦੇ ਕੇ ਗਏ ਚਾਲੀ ਸਿੰਘਾਂ ਨੂੰ ਗੁਰੂ ਸਾਹਿਬ ਨੇ ਮੁਕਤੇ ਕਹਿ ਕੇ ਟੁੱਟੀ ਗੰਢੀ ਸੀ। ਸ਼੍ਰੋਮਣੀ ਅਕਾਲੀ ਦਲ ਦੀ ਸਥਾਪਨਾ ਅਕਾਲ ਤਖ਼ਤ ਸਾਹਿਬ ਉੱਪਰ ਹੋਈ ਸੀ ਅਤੇ ਇਸ ਦਾ ਮਕਸਦ ਪੰਥ ਦੀ ਚੜ੍ਹਦੀ ਕਲਾ ਸੀ। ਮਾਘੀ ਦੇ ਮੇਲੇ ਮੌਕੇ ਸ੍ਰੀ ਮੁਕਤਸਰ ਸਾਹਿਬ ਵਿਖੇ ਕਾਨਫਰੰਸ ਕਰਨ ਦੀ ਰਵਾਇਤ ਰਹੀ ਹੈ। ਖਿਦਰਾਣੇ ਦੀ ਢਾਬ ਉਹ ਅਸਥਾਨ ਹੈ ਜਿਥੇ ਗੁਰੂ ਤੋਂ ਬੇਦਾਵਾ ਦੇ ਕੇ ਗਏ ਚਾਲੀ ਸਿੰਘਾਂ ਨੂੰ ਗੁਰੂ ਸਾਹਿਬ ਨੇ ਮੁਕਤੇ ਕਹਿ ਕੇ ਟੁੱਟੀ ਗੰਢੀ ਸੀ। ਸ਼੍ਰੋਮਣੀ ਅਕਾਲੀ ਦਲ ਦੀ ਸਥਾਪਨਾ ਅਕਾਲ ਤਖ਼ਤ ਸਾਹਿਬ ਉੱਪਰ ਹੋਈ ਸੀ ਅਤੇ ਇਸ ਦਾ ਮਕਸਦ ਪੰਥ ਦੀ ਚੜ੍ਹਦੀ ਕਲਾ ਸੀ। ਮਾਘੀ ਦੇ ਮੇਲੇ ਮੌਕੇ ਸ੍ਰੀ ਮੁਕਤਸਰ ਸਾਹਿਬ ਵਿਖੇ ਕਾਨਫਰੰਸ ਕਰਨ ਦੀ ਰਵਾਇਤ ਰਹੀ ਹੈ। ਖਿਦਰਾਣੇ ਦੀ ਢਾਬ ਉਹ ਅਸਥਾਨ ਹੈ ਜਿਥੇ ਗੁਰੂ ਤੋਂ ਬੇਦਾਵਾ ਦੇ ਕੇ ਗਏ ਚਾਲੀ ਸਿੰਘਾਂ ਨੂੰ ਗੁਰੂ ਸਾਹਿਬ ਨੇ ਮੁਕਤੇ ਕਹਿ ਕੇ ਟੁੱਟੀ ਗੰਢੀ ਸੀ। ਸ਼੍ਰੋਮਣੀ ਅਕਾਲੀ ਦਲ ਦੀ ਸਥਾਪਨਾ ਅਕਾਲ ਤਖ਼ਤ ਸਾਹਿਬ ਉੱਪਰ ਹੋਈ ਸੀ ਅਤੇ ਇਸ ਦਾ ਮਕਸਦ ਪੰਥ ਦੀ ਚੜ੍ਹਦੀ ਕਲਾ ਸੀ। ਮਾਘੀ ਦੇ ਮੇਲੇ ਮੌਕੇ ਸ੍ਰੀ ਮੁਕਤਸਰ ਸਾਹਿਬ ਵਿਖੇ ਕਾਨਫਰੰਸ ਕਰਨ ਦੀ ਰਵਾਇਤ ਰਹੀ ਹੈ। ਖਿਦਰਾਣੇ ਦੀ ਢਾਬ ਉਹ ਅਸਥਾਨ ਹੈ ਜਿਥੇ ਗੁਰੂ ਤੋਂ ਬੇਦਾਵਾ ਦੇ ਕੇ ਗਏ ਚਾਲੀ ਸਿੰਘਾਂ ਨੂੰ ਗੁਰੂ ਸਾਹਿਬ ਨੇ ਮੁਕਤੇ ਕਹਿ ਕੇ ਟੁੱਟੀ ਗੰਢੀ ਸੀ। ਸ਼੍ਰੋਮਣੀ ਅਕਾਲੀ ਦਲ ਦੀ ਸਥਾਪਨਾ ਅਕਾਲ ਤਖ਼ਤ ਸਾਹਿਬ ਉੱਪਰ ਹੋਈ ਸੀ ਅਤੇ ਇਸ ਦਾ ਮਕਸਦ ਪੰਥ ਦੀ ਚੜ੍ਹਦੀ ਕਲਾ ਸੀ। ਮਾਘੀ ਦੇ ਮੇਲੇ ਮੌਕੇ ਸ੍ਰੀ ਮੁਕਤਸਰ ਸਾਹਿਬ ਵਿਖੇ ਕਾਨਫਰੰਸ ਕਰਨ ਦੀ ਰਵਾਇਤ ਰਹੀ ਹੈ। ਖਿਦਰਾਣੇ ਦੀ ਢਾਬ ਉਹ ਅਸਥਾਨ ਹੈ ਜਿਥੇ ਗੁਰੂ ਤੋਂ ਬੇਦਾਵਾ ਦੇ ਕੇ ਗਏ ਚਾਲੀ ਸਿੰਘਾਂ ਨੂੰ ਗੁਰੂ ਸਾਹਿਬ ਨੇ ਮੁਕਤੇ ਕਹਿ ਕੇ ਟੁੱਟੀ ਗੰਢੀ ਸੀ। ਸ਼੍ਰੋਮਣੀ ਅਕਾਲੀ ਦਲ ਦੀ ਸਥਾਪਨਾ ਅਕਾਲ ਤਖ਼ਤ ਸਾਹਿਬ ਉੱਪਰ ਹੋਈ ਸੀ ਅਤੇ ਇਸ ਦਾ ਮਕਸਦ ਪੰਥ ਦੀ ਚੜ੍ਹਦੀ ਕਲਾ ਸੀ। ਮਾਘੀ ਦੇ ਮੇਲੇ ਮੌਕੇ ਸ੍ਰੀ ਮੁਕਤਸਰ ਸਾਹਿਬ ਵਿਖੇ ਕਾਨਫਰੰਸ ਕਰਨ ਦੀ ਰਵਾਇਤ ਰਹੀ ਹੈ। ਖਿਦਰਾਣੇ ਦੀ ਢਾਬ ਉਹ ਅਸਥਾਨ ਹੈ ਜਿਥੇ ਗੁਰੂ ਤੋਂ ਬੇਦਾਵਾ ਦੇ ਕੇ ਗਏ ਚਾਲੀ ਸਿੰਘਾਂ ਨੂੰ ਗੁਰੂ ਸਾਹਿਬ ਨੇ ਮੁਕਤੇ ਕਹਿ ਕੇ ਟੁੱਟੀ ਗੰਢੀ ਸੀ। ਸ਼੍ਰੋਮਣੀ ਅਕਾਲੀ ਦਲ ਦੀ ਸਥਾਪਨਾ ਅਕਾਲ ਤਖ਼ਤ ਸਾਹਿਬ ਉੱਪਰ ਹੋਈ ਸੀ ਅਤੇ ਇਸ ਦਾ ਮਕਸਦ ਪੰਥ ਦੀ ਚੜ੍ਹਦੀ ਕਲਾ ਸੀ। ਮਾਘੀ ਦੇ ਮੇਲੇ ਮੌਕੇ ਸ੍ਰੀ ਮੁਕਤਸਰ ਸਾਹਿਬ ਵਿਖੇ ਕਾਨਫਰੰਸ ਕਰਨ ਦੀ ਰਵਾਇਤ ਰਹੀ ਹੈ। ਖਿਦਰਾਣੇ ਦੀ ਢਾਬ ਉਹ ਅਸਥਾਨ ਹੈ ਜਿਥੇ ਗੁਰੂ ਤੋਂ ਬੇਦਾਵਾ ਦੇ ਕੇ ਗਏ ਚਾਲੀ ਸਿੰਘਾਂ ਨੂੰ ਗੁਰੂ ਸਾਹਿਬ ਨੇ ਮੁਕਤੇ ਕਹਿ ਕੇ ਟੁੱਟੀ ਗੰਢੀ ਸੀ। ਸ਼੍ਰੋਮਣੀ ਅਕਾਲੀ ਦਲ ਦੀ ਸਥਾਪਨਾ ਅਕਾਲ ਤਖ਼ਤ ਸਾਹਿਬ ਉੱਪਰ ਹੋਈ ਸੀ ਅਤੇ ਇਸ ਦਾ ਮਕਸਦ ਪੰਥ ਦੀ ਚੜ੍ਹਦੀ ਕਲਾ ਸੀ। ਮਾਘੀ ਦੇ ਮੇਲੇ ਮੌਕੇ ਸ੍ਰੀ ਮੁਕਤਸਰ ਸਾਹਿਬ ਵਿਖੇ ਕਾਨਫਰੰਸ ਕਰਨ ਦੀ ਰਵਾਇਤ ਰਹੀ ਹੈ। ਖਿਦਰਾਣੇ ਦੀ ਢਾਬ ਉਹ ਅਸਥਾਨ ਹੈ ਜਿਥੇ ਗੁਰੂ ਤੋਂ ਬੇਦਾਵਾ ਦੇ ਕੇ ਗਏ ਚਾਲੀ ਸਿੰਘਾਂ ਨੂੰ ਗੁਰੂ ਸਾਹਿਬ ਨੇ ਮੁਕਤੇ ਕਹਿ ਕੇ ਟੁੱਟੀ ਗੰਢੀ ਸੀ। ਸ਼੍ਰੋਮਣੀ ਅਕਾਲੀ ਦਲ ਦੀ ਸਥਾਪਨਾ ਅਕਾਲ ਤਖ਼ਤ ਸਾਹਿਬ ਉੱਪਰ ਹੋਈ ਸੀ ਅਤੇ ਇਸ ਦਾ ਮਕਸਦ ਪੰਥ ਦੀ ਚੜ੍ਹਦੀ ਕਲਾ ਸੀ। ਮਾਘੀ ਦੇ ਮੇਲੇ ਮੌਕੇ ਸ੍ਰੀ ਮੁਕਤਸਰ ਸਾਹਿਬ ਵਿਖੇ ਕਾਨਫਰੰਸ ਕਰਨ ਦੀ ਰਵਾਇਤ ਰਹੀ ਹੈ। ਖਿਦਰਾਣੇ ਦੀ ਢਾਬ ਉਹ ਅਸਥਾਨ ਹੈ ਜਿਥੇ ਗੁਰੂ ਤੋਂ ਬੇਦਾਵਾ ਦੇ ਕੇ ਗਏ ਚਾਲੀ ਸਿੰਘਾਂ ਨੂੰ ਗੁਰੂ ਸਾਹਿਬ ਨੇ ਮੁਕਤੇ ਕਹਿ ਕੇ ਟੁੱਟੀ ਗੰਢੀ ਸੀ।
- ਜਸਮੀਤ ਸਿੰਘ ਖਾਲਸਾ
ਵਟਸਐਪ ਨੰ 98786-91567
